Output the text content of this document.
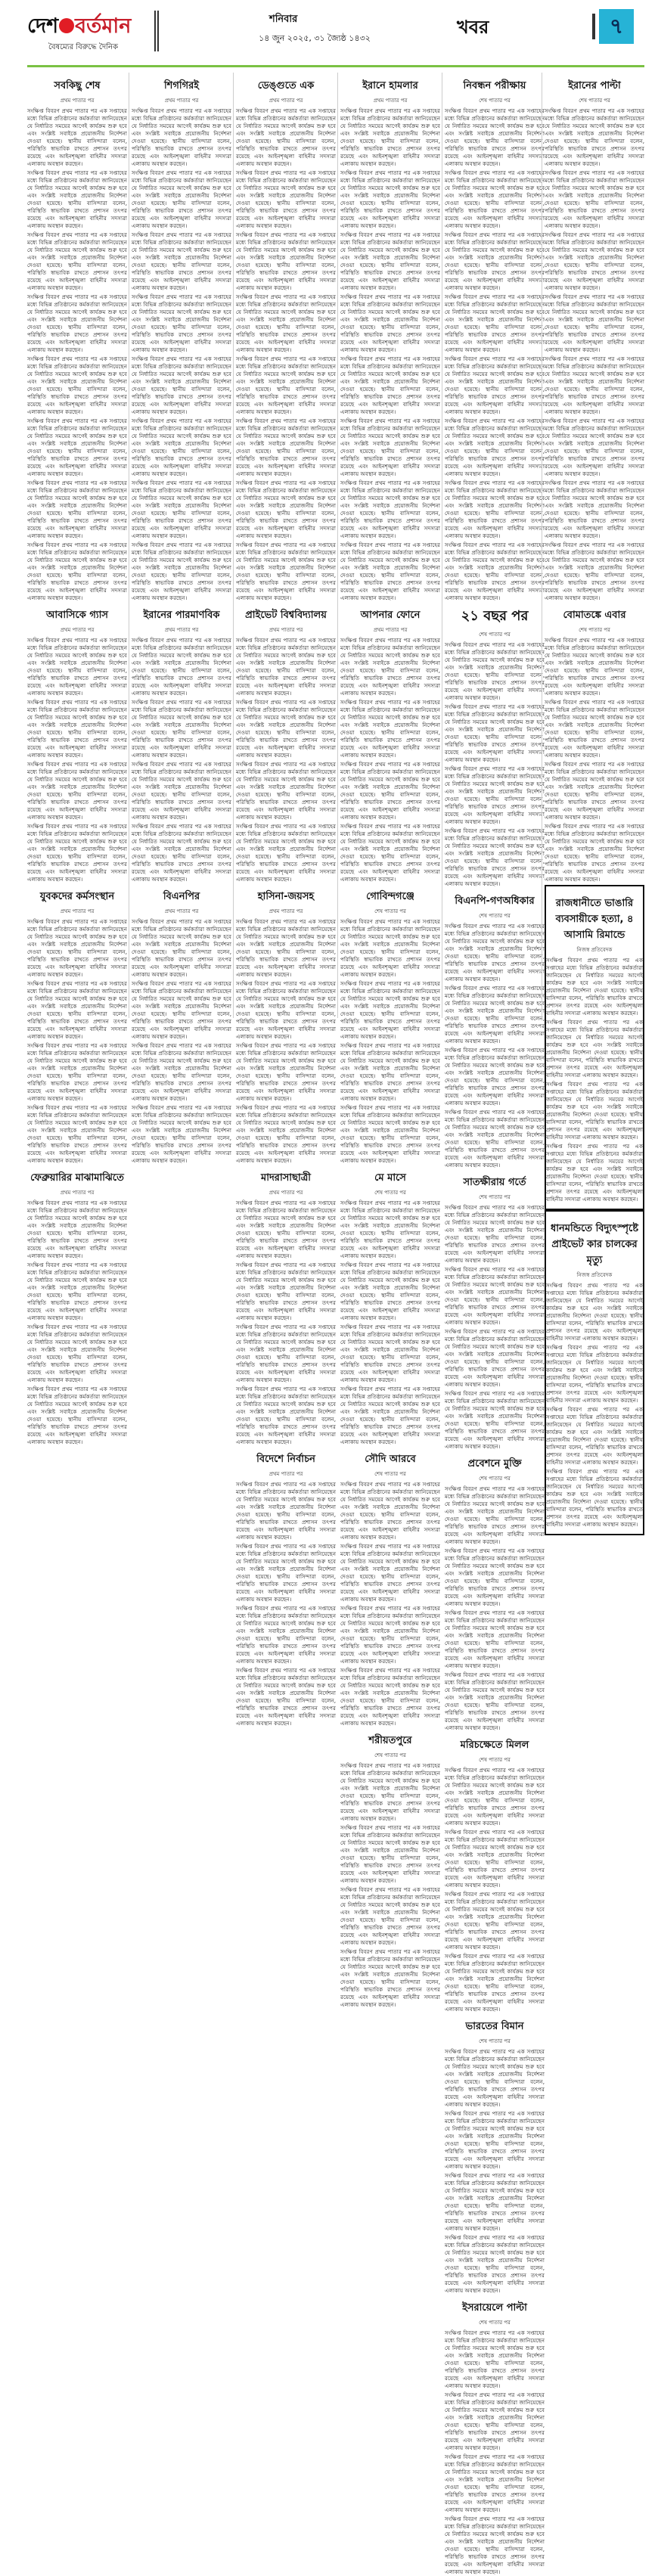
দেশ বর্তমান
বৈষম্যের বিরুদ্ধে দৈনিক
শনিবার
১৪ জুন ২০২৫, ৩১ জ্যৈষ্ঠ ১৪৩২
খবর	৭
সবকিছু শেষ
প্রথম পাতার পর
সংক্ষিপ্ত বিবরণ প্রথম পাতার পর এক সপ্তাহের মধ্যে বিভিন্ন প্রতিষ্ঠানের কর্মকর্তারা জানিয়েছেন যে নির্ধারিত সময়ের আগেই কার্যক্রম শুরু হবে এবং সংশ্লিষ্ট সবাইকে প্রয়োজনীয় নির্দেশনা দেওয়া হয়েছে। স্থানীয় বাসিন্দারা বলেন, পরিস্থিতি স্বাভাবিক রাখতে প্রশাসন তৎপর রয়েছে এবং আইনশৃঙ্খলা বাহিনীর সদস্যরা এলাকায় অবস্থান করছেন।
সংক্ষিপ্ত বিবরণ প্রথম পাতার পর এক সপ্তাহের মধ্যে বিভিন্ন প্রতিষ্ঠানের কর্মকর্তারা জানিয়েছেন যে নির্ধারিত সময়ের আগেই কার্যক্রম শুরু হবে এবং সংশ্লিষ্ট সবাইকে প্রয়োজনীয় নির্দেশনা দেওয়া হয়েছে। স্থানীয় বাসিন্দারা বলেন, পরিস্থিতি স্বাভাবিক রাখতে প্রশাসন তৎপর রয়েছে এবং আইনশৃঙ্খলা বাহিনীর সদস্যরা এলাকায় অবস্থান করছেন।
সংক্ষিপ্ত বিবরণ প্রথম পাতার পর এক সপ্তাহের মধ্যে বিভিন্ন প্রতিষ্ঠানের কর্মকর্তারা জানিয়েছেন যে নির্ধারিত সময়ের আগেই কার্যক্রম শুরু হবে এবং সংশ্লিষ্ট সবাইকে প্রয়োজনীয় নির্দেশনা দেওয়া হয়েছে। স্থানীয় বাসিন্দারা বলেন, পরিস্থিতি স্বাভাবিক রাখতে প্রশাসন তৎপর রয়েছে এবং আইনশৃঙ্খলা বাহিনীর সদস্যরা এলাকায় অবস্থান করছেন।
সংক্ষিপ্ত বিবরণ প্রথম পাতার পর এক সপ্তাহের মধ্যে বিভিন্ন প্রতিষ্ঠানের কর্মকর্তারা জানিয়েছেন যে নির্ধারিত সময়ের আগেই কার্যক্রম শুরু হবে এবং সংশ্লিষ্ট সবাইকে প্রয়োজনীয় নির্দেশনা দেওয়া হয়েছে। স্থানীয় বাসিন্দারা বলেন, পরিস্থিতি স্বাভাবিক রাখতে প্রশাসন তৎপর রয়েছে এবং আইনশৃঙ্খলা বাহিনীর সদস্যরা এলাকায় অবস্থান করছেন।
সংক্ষিপ্ত বিবরণ প্রথম পাতার পর এক সপ্তাহের মধ্যে বিভিন্ন প্রতিষ্ঠানের কর্মকর্তারা জানিয়েছেন যে নির্ধারিত সময়ের আগেই কার্যক্রম শুরু হবে এবং সংশ্লিষ্ট সবাইকে প্রয়োজনীয় নির্দেশনা দেওয়া হয়েছে। স্থানীয় বাসিন্দারা বলেন, পরিস্থিতি স্বাভাবিক রাখতে প্রশাসন তৎপর রয়েছে এবং আইনশৃঙ্খলা বাহিনীর সদস্যরা এলাকায় অবস্থান করছেন।
সংক্ষিপ্ত বিবরণ প্রথম পাতার পর এক সপ্তাহের মধ্যে বিভিন্ন প্রতিষ্ঠানের কর্মকর্তারা জানিয়েছেন যে নির্ধারিত সময়ের আগেই কার্যক্রম শুরু হবে এবং সংশ্লিষ্ট সবাইকে প্রয়োজনীয় নির্দেশনা দেওয়া হয়েছে। স্থানীয় বাসিন্দারা বলেন, পরিস্থিতি স্বাভাবিক রাখতে প্রশাসন তৎপর রয়েছে এবং আইনশৃঙ্খলা বাহিনীর সদস্যরা এলাকায় অবস্থান করছেন।
সংক্ষিপ্ত বিবরণ প্রথম পাতার পর এক সপ্তাহের মধ্যে বিভিন্ন প্রতিষ্ঠানের কর্মকর্তারা জানিয়েছেন যে নির্ধারিত সময়ের আগেই কার্যক্রম শুরু হবে এবং সংশ্লিষ্ট সবাইকে প্রয়োজনীয় নির্দেশনা দেওয়া হয়েছে। স্থানীয় বাসিন্দারা বলেন, পরিস্থিতি স্বাভাবিক রাখতে প্রশাসন তৎপর রয়েছে এবং আইনশৃঙ্খলা বাহিনীর সদস্যরা এলাকায় অবস্থান করছেন।
সংক্ষিপ্ত বিবরণ প্রথম পাতার পর এক সপ্তাহের মধ্যে বিভিন্ন প্রতিষ্ঠানের কর্মকর্তারা জানিয়েছেন যে নির্ধারিত সময়ের আগেই কার্যক্রম শুরু হবে এবং সংশ্লিষ্ট সবাইকে প্রয়োজনীয় নির্দেশনা দেওয়া হয়েছে। স্থানীয় বাসিন্দারা বলেন, পরিস্থিতি স্বাভাবিক রাখতে প্রশাসন তৎপর রয়েছে এবং আইনশৃঙ্খলা বাহিনীর সদস্যরা এলাকায় অবস্থান করছেন।
আবাসিকে গ্যাস
প্রথম পাতার পর
সংক্ষিপ্ত বিবরণ প্রথম পাতার পর এক সপ্তাহের মধ্যে বিভিন্ন প্রতিষ্ঠানের কর্মকর্তারা জানিয়েছেন যে নির্ধারিত সময়ের আগেই কার্যক্রম শুরু হবে এবং সংশ্লিষ্ট সবাইকে প্রয়োজনীয় নির্দেশনা দেওয়া হয়েছে। স্থানীয় বাসিন্দারা বলেন, পরিস্থিতি স্বাভাবিক রাখতে প্রশাসন তৎপর রয়েছে এবং আইনশৃঙ্খলা বাহিনীর সদস্যরা এলাকায় অবস্থান করছেন।
সংক্ষিপ্ত বিবরণ প্রথম পাতার পর এক সপ্তাহের মধ্যে বিভিন্ন প্রতিষ্ঠানের কর্মকর্তারা জানিয়েছেন যে নির্ধারিত সময়ের আগেই কার্যক্রম শুরু হবে এবং সংশ্লিষ্ট সবাইকে প্রয়োজনীয় নির্দেশনা দেওয়া হয়েছে। স্থানীয় বাসিন্দারা বলেন, পরিস্থিতি স্বাভাবিক রাখতে প্রশাসন তৎপর রয়েছে এবং আইনশৃঙ্খলা বাহিনীর সদস্যরা এলাকায় অবস্থান করছেন।
সংক্ষিপ্ত বিবরণ প্রথম পাতার পর এক সপ্তাহের মধ্যে বিভিন্ন প্রতিষ্ঠানের কর্মকর্তারা জানিয়েছেন যে নির্ধারিত সময়ের আগেই কার্যক্রম শুরু হবে এবং সংশ্লিষ্ট সবাইকে প্রয়োজনীয় নির্দেশনা দেওয়া হয়েছে। স্থানীয় বাসিন্দারা বলেন, পরিস্থিতি স্বাভাবিক রাখতে প্রশাসন তৎপর রয়েছে এবং আইনশৃঙ্খলা বাহিনীর সদস্যরা এলাকায় অবস্থান করছেন।
সংক্ষিপ্ত বিবরণ প্রথম পাতার পর এক সপ্তাহের মধ্যে বিভিন্ন প্রতিষ্ঠানের কর্মকর্তারা জানিয়েছেন যে নির্ধারিত সময়ের আগেই কার্যক্রম শুরু হবে এবং সংশ্লিষ্ট সবাইকে প্রয়োজনীয় নির্দেশনা দেওয়া হয়েছে। স্থানীয় বাসিন্দারা বলেন, পরিস্থিতি স্বাভাবিক রাখতে প্রশাসন তৎপর রয়েছে এবং আইনশৃঙ্খলা বাহিনীর সদস্যরা এলাকায় অবস্থান করছেন।
যুবকদের কর্মসংস্থান
প্রথম পাতার পর
সংক্ষিপ্ত বিবরণ প্রথম পাতার পর এক সপ্তাহের মধ্যে বিভিন্ন প্রতিষ্ঠানের কর্মকর্তারা জানিয়েছেন যে নির্ধারিত সময়ের আগেই কার্যক্রম শুরু হবে এবং সংশ্লিষ্ট সবাইকে প্রয়োজনীয় নির্দেশনা দেওয়া হয়েছে। স্থানীয় বাসিন্দারা বলেন, পরিস্থিতি স্বাভাবিক রাখতে প্রশাসন তৎপর রয়েছে এবং আইনশৃঙ্খলা বাহিনীর সদস্যরা এলাকায় অবস্থান করছেন।
সংক্ষিপ্ত বিবরণ প্রথম পাতার পর এক সপ্তাহের মধ্যে বিভিন্ন প্রতিষ্ঠানের কর্মকর্তারা জানিয়েছেন যে নির্ধারিত সময়ের আগেই কার্যক্রম শুরু হবে এবং সংশ্লিষ্ট সবাইকে প্রয়োজনীয় নির্দেশনা দেওয়া হয়েছে। স্থানীয় বাসিন্দারা বলেন, পরিস্থিতি স্বাভাবিক রাখতে প্রশাসন তৎপর রয়েছে এবং আইনশৃঙ্খলা বাহিনীর সদস্যরা এলাকায় অবস্থান করছেন।
সংক্ষিপ্ত বিবরণ প্রথম পাতার পর এক সপ্তাহের মধ্যে বিভিন্ন প্রতিষ্ঠানের কর্মকর্তারা জানিয়েছেন যে নির্ধারিত সময়ের আগেই কার্যক্রম শুরু হবে এবং সংশ্লিষ্ট সবাইকে প্রয়োজনীয় নির্দেশনা দেওয়া হয়েছে। স্থানীয় বাসিন্দারা বলেন, পরিস্থিতি স্বাভাবিক রাখতে প্রশাসন তৎপর রয়েছে এবং আইনশৃঙ্খলা বাহিনীর সদস্যরা এলাকায় অবস্থান করছেন।
সংক্ষিপ্ত বিবরণ প্রথম পাতার পর এক সপ্তাহের মধ্যে বিভিন্ন প্রতিষ্ঠানের কর্মকর্তারা জানিয়েছেন যে নির্ধারিত সময়ের আগেই কার্যক্রম শুরু হবে এবং সংশ্লিষ্ট সবাইকে প্রয়োজনীয় নির্দেশনা দেওয়া হয়েছে। স্থানীয় বাসিন্দারা বলেন, পরিস্থিতি স্বাভাবিক রাখতে প্রশাসন তৎপর রয়েছে এবং আইনশৃঙ্খলা বাহিনীর সদস্যরা এলাকায় অবস্থান করছেন।
ফেব্রুয়ারির মাঝামাঝিতে
প্রথম পাতার পর
সংক্ষিপ্ত বিবরণ প্রথম পাতার পর এক সপ্তাহের মধ্যে বিভিন্ন প্রতিষ্ঠানের কর্মকর্তারা জানিয়েছেন যে নির্ধারিত সময়ের আগেই কার্যক্রম শুরু হবে এবং সংশ্লিষ্ট সবাইকে প্রয়োজনীয় নির্দেশনা দেওয়া হয়েছে। স্থানীয় বাসিন্দারা বলেন, পরিস্থিতি স্বাভাবিক রাখতে প্রশাসন তৎপর রয়েছে এবং আইনশৃঙ্খলা বাহিনীর সদস্যরা এলাকায় অবস্থান করছেন।
সংক্ষিপ্ত বিবরণ প্রথম পাতার পর এক সপ্তাহের মধ্যে বিভিন্ন প্রতিষ্ঠানের কর্মকর্তারা জানিয়েছেন যে নির্ধারিত সময়ের আগেই কার্যক্রম শুরু হবে এবং সংশ্লিষ্ট সবাইকে প্রয়োজনীয় নির্দেশনা দেওয়া হয়েছে। স্থানীয় বাসিন্দারা বলেন, পরিস্থিতি স্বাভাবিক রাখতে প্রশাসন তৎপর রয়েছে এবং আইনশৃঙ্খলা বাহিনীর সদস্যরা এলাকায় অবস্থান করছেন।
সংক্ষিপ্ত বিবরণ প্রথম পাতার পর এক সপ্তাহের মধ্যে বিভিন্ন প্রতিষ্ঠানের কর্মকর্তারা জানিয়েছেন যে নির্ধারিত সময়ের আগেই কার্যক্রম শুরু হবে এবং সংশ্লিষ্ট সবাইকে প্রয়োজনীয় নির্দেশনা দেওয়া হয়েছে। স্থানীয় বাসিন্দারা বলেন, পরিস্থিতি স্বাভাবিক রাখতে প্রশাসন তৎপর রয়েছে এবং আইনশৃঙ্খলা বাহিনীর সদস্যরা এলাকায় অবস্থান করছেন।
সংক্ষিপ্ত বিবরণ প্রথম পাতার পর এক সপ্তাহের মধ্যে বিভিন্ন প্রতিষ্ঠানের কর্মকর্তারা জানিয়েছেন যে নির্ধারিত সময়ের আগেই কার্যক্রম শুরু হবে এবং সংশ্লিষ্ট সবাইকে প্রয়োজনীয় নির্দেশনা দেওয়া হয়েছে। স্থানীয় বাসিন্দারা বলেন, পরিস্থিতি স্বাভাবিক রাখতে প্রশাসন তৎপর রয়েছে এবং আইনশৃঙ্খলা বাহিনীর সদস্যরা এলাকায় অবস্থান করছেন।
শিগগিরই
প্রথম পাতার পর
সংক্ষিপ্ত বিবরণ প্রথম পাতার পর এক সপ্তাহের মধ্যে বিভিন্ন প্রতিষ্ঠানের কর্মকর্তারা জানিয়েছেন যে নির্ধারিত সময়ের আগেই কার্যক্রম শুরু হবে এবং সংশ্লিষ্ট সবাইকে প্রয়োজনীয় নির্দেশনা দেওয়া হয়েছে। স্থানীয় বাসিন্দারা বলেন, পরিস্থিতি স্বাভাবিক রাখতে প্রশাসন তৎপর রয়েছে এবং আইনশৃঙ্খলা বাহিনীর সদস্যরা এলাকায় অবস্থান করছেন।
সংক্ষিপ্ত বিবরণ প্রথম পাতার পর এক সপ্তাহের মধ্যে বিভিন্ন প্রতিষ্ঠানের কর্মকর্তারা জানিয়েছেন যে নির্ধারিত সময়ের আগেই কার্যক্রম শুরু হবে এবং সংশ্লিষ্ট সবাইকে প্রয়োজনীয় নির্দেশনা দেওয়া হয়েছে। স্থানীয় বাসিন্দারা বলেন, পরিস্থিতি স্বাভাবিক রাখতে প্রশাসন তৎপর রয়েছে এবং আইনশৃঙ্খলা বাহিনীর সদস্যরা এলাকায় অবস্থান করছেন।
সংক্ষিপ্ত বিবরণ প্রথম পাতার পর এক সপ্তাহের মধ্যে বিভিন্ন প্রতিষ্ঠানের কর্মকর্তারা জানিয়েছেন যে নির্ধারিত সময়ের আগেই কার্যক্রম শুরু হবে এবং সংশ্লিষ্ট সবাইকে প্রয়োজনীয় নির্দেশনা দেওয়া হয়েছে। স্থানীয় বাসিন্দারা বলেন, পরিস্থিতি স্বাভাবিক রাখতে প্রশাসন তৎপর রয়েছে এবং আইনশৃঙ্খলা বাহিনীর সদস্যরা এলাকায় অবস্থান করছেন।
সংক্ষিপ্ত বিবরণ প্রথম পাতার পর এক সপ্তাহের মধ্যে বিভিন্ন প্রতিষ্ঠানের কর্মকর্তারা জানিয়েছেন যে নির্ধারিত সময়ের আগেই কার্যক্রম শুরু হবে এবং সংশ্লিষ্ট সবাইকে প্রয়োজনীয় নির্দেশনা দেওয়া হয়েছে। স্থানীয় বাসিন্দারা বলেন, পরিস্থিতি স্বাভাবিক রাখতে প্রশাসন তৎপর রয়েছে এবং আইনশৃঙ্খলা বাহিনীর সদস্যরা এলাকায় অবস্থান করছেন।
সংক্ষিপ্ত বিবরণ প্রথম পাতার পর এক সপ্তাহের মধ্যে বিভিন্ন প্রতিষ্ঠানের কর্মকর্তারা জানিয়েছেন যে নির্ধারিত সময়ের আগেই কার্যক্রম শুরু হবে এবং সংশ্লিষ্ট সবাইকে প্রয়োজনীয় নির্দেশনা দেওয়া হয়েছে। স্থানীয় বাসিন্দারা বলেন, পরিস্থিতি স্বাভাবিক রাখতে প্রশাসন তৎপর রয়েছে এবং আইনশৃঙ্খলা বাহিনীর সদস্যরা এলাকায় অবস্থান করছেন।
সংক্ষিপ্ত বিবরণ প্রথম পাতার পর এক সপ্তাহের মধ্যে বিভিন্ন প্রতিষ্ঠানের কর্মকর্তারা জানিয়েছেন যে নির্ধারিত সময়ের আগেই কার্যক্রম শুরু হবে এবং সংশ্লিষ্ট সবাইকে প্রয়োজনীয় নির্দেশনা দেওয়া হয়েছে। স্থানীয় বাসিন্দারা বলেন, পরিস্থিতি স্বাভাবিক রাখতে প্রশাসন তৎপর রয়েছে এবং আইনশৃঙ্খলা বাহিনীর সদস্যরা এলাকায় অবস্থান করছেন।
সংক্ষিপ্ত বিবরণ প্রথম পাতার পর এক সপ্তাহের মধ্যে বিভিন্ন প্রতিষ্ঠানের কর্মকর্তারা জানিয়েছেন যে নির্ধারিত সময়ের আগেই কার্যক্রম শুরু হবে এবং সংশ্লিষ্ট সবাইকে প্রয়োজনীয় নির্দেশনা দেওয়া হয়েছে। স্থানীয় বাসিন্দারা বলেন, পরিস্থিতি স্বাভাবিক রাখতে প্রশাসন তৎপর রয়েছে এবং আইনশৃঙ্খলা বাহিনীর সদস্যরা এলাকায় অবস্থান করছেন।
সংক্ষিপ্ত বিবরণ প্রথম পাতার পর এক সপ্তাহের মধ্যে বিভিন্ন প্রতিষ্ঠানের কর্মকর্তারা জানিয়েছেন যে নির্ধারিত সময়ের আগেই কার্যক্রম শুরু হবে এবং সংশ্লিষ্ট সবাইকে প্রয়োজনীয় নির্দেশনা দেওয়া হয়েছে। স্থানীয় বাসিন্দারা বলেন, পরিস্থিতি স্বাভাবিক রাখতে প্রশাসন তৎপর রয়েছে এবং আইনশৃঙ্খলা বাহিনীর সদস্যরা এলাকায় অবস্থান করছেন।
ইরানের পারমাণবিক
প্রথম পাতার পর
সংক্ষিপ্ত বিবরণ প্রথম পাতার পর এক সপ্তাহের মধ্যে বিভিন্ন প্রতিষ্ঠানের কর্মকর্তারা জানিয়েছেন যে নির্ধারিত সময়ের আগেই কার্যক্রম শুরু হবে এবং সংশ্লিষ্ট সবাইকে প্রয়োজনীয় নির্দেশনা দেওয়া হয়েছে। স্থানীয় বাসিন্দারা বলেন, পরিস্থিতি স্বাভাবিক রাখতে প্রশাসন তৎপর রয়েছে এবং আইনশৃঙ্খলা বাহিনীর সদস্যরা এলাকায় অবস্থান করছেন।
সংক্ষিপ্ত বিবরণ প্রথম পাতার পর এক সপ্তাহের মধ্যে বিভিন্ন প্রতিষ্ঠানের কর্মকর্তারা জানিয়েছেন যে নির্ধারিত সময়ের আগেই কার্যক্রম শুরু হবে এবং সংশ্লিষ্ট সবাইকে প্রয়োজনীয় নির্দেশনা দেওয়া হয়েছে। স্থানীয় বাসিন্দারা বলেন, পরিস্থিতি স্বাভাবিক রাখতে প্রশাসন তৎপর রয়েছে এবং আইনশৃঙ্খলা বাহিনীর সদস্যরা এলাকায় অবস্থান করছেন।
সংক্ষিপ্ত বিবরণ প্রথম পাতার পর এক সপ্তাহের মধ্যে বিভিন্ন প্রতিষ্ঠানের কর্মকর্তারা জানিয়েছেন যে নির্ধারিত সময়ের আগেই কার্যক্রম শুরু হবে এবং সংশ্লিষ্ট সবাইকে প্রয়োজনীয় নির্দেশনা দেওয়া হয়েছে। স্থানীয় বাসিন্দারা বলেন, পরিস্থিতি স্বাভাবিক রাখতে প্রশাসন তৎপর রয়েছে এবং আইনশৃঙ্খলা বাহিনীর সদস্যরা এলাকায় অবস্থান করছেন।
সংক্ষিপ্ত বিবরণ প্রথম পাতার পর এক সপ্তাহের মধ্যে বিভিন্ন প্রতিষ্ঠানের কর্মকর্তারা জানিয়েছেন যে নির্ধারিত সময়ের আগেই কার্যক্রম শুরু হবে এবং সংশ্লিষ্ট সবাইকে প্রয়োজনীয় নির্দেশনা দেওয়া হয়েছে। স্থানীয় বাসিন্দারা বলেন, পরিস্থিতি স্বাভাবিক রাখতে প্রশাসন তৎপর রয়েছে এবং আইনশৃঙ্খলা বাহিনীর সদস্যরা এলাকায় অবস্থান করছেন।
বিএনপির
প্রথম পাতার পর
সংক্ষিপ্ত বিবরণ প্রথম পাতার পর এক সপ্তাহের মধ্যে বিভিন্ন প্রতিষ্ঠানের কর্মকর্তারা জানিয়েছেন যে নির্ধারিত সময়ের আগেই কার্যক্রম শুরু হবে এবং সংশ্লিষ্ট সবাইকে প্রয়োজনীয় নির্দেশনা দেওয়া হয়েছে। স্থানীয় বাসিন্দারা বলেন, পরিস্থিতি স্বাভাবিক রাখতে প্রশাসন তৎপর রয়েছে এবং আইনশৃঙ্খলা বাহিনীর সদস্যরা এলাকায় অবস্থান করছেন।
সংক্ষিপ্ত বিবরণ প্রথম পাতার পর এক সপ্তাহের মধ্যে বিভিন্ন প্রতিষ্ঠানের কর্মকর্তারা জানিয়েছেন যে নির্ধারিত সময়ের আগেই কার্যক্রম শুরু হবে এবং সংশ্লিষ্ট সবাইকে প্রয়োজনীয় নির্দেশনা দেওয়া হয়েছে। স্থানীয় বাসিন্দারা বলেন, পরিস্থিতি স্বাভাবিক রাখতে প্রশাসন তৎপর রয়েছে এবং আইনশৃঙ্খলা বাহিনীর সদস্যরা এলাকায় অবস্থান করছেন।
সংক্ষিপ্ত বিবরণ প্রথম পাতার পর এক সপ্তাহের মধ্যে বিভিন্ন প্রতিষ্ঠানের কর্মকর্তারা জানিয়েছেন যে নির্ধারিত সময়ের আগেই কার্যক্রম শুরু হবে এবং সংশ্লিষ্ট সবাইকে প্রয়োজনীয় নির্দেশনা দেওয়া হয়েছে। স্থানীয় বাসিন্দারা বলেন, পরিস্থিতি স্বাভাবিক রাখতে প্রশাসন তৎপর রয়েছে এবং আইনশৃঙ্খলা বাহিনীর সদস্যরা এলাকায় অবস্থান করছেন।
সংক্ষিপ্ত বিবরণ প্রথম পাতার পর এক সপ্তাহের মধ্যে বিভিন্ন প্রতিষ্ঠানের কর্মকর্তারা জানিয়েছেন যে নির্ধারিত সময়ের আগেই কার্যক্রম শুরু হবে এবং সংশ্লিষ্ট সবাইকে প্রয়োজনীয় নির্দেশনা দেওয়া হয়েছে। স্থানীয় বাসিন্দারা বলেন, পরিস্থিতি স্বাভাবিক রাখতে প্রশাসন তৎপর রয়েছে এবং আইনশৃঙ্খলা বাহিনীর সদস্যরা এলাকায় অবস্থান করছেন।
ডেঙ্গুতে এক
প্রথম পাতার পর
সংক্ষিপ্ত বিবরণ প্রথম পাতার পর এক সপ্তাহের মধ্যে বিভিন্ন প্রতিষ্ঠানের কর্মকর্তারা জানিয়েছেন যে নির্ধারিত সময়ের আগেই কার্যক্রম শুরু হবে এবং সংশ্লিষ্ট সবাইকে প্রয়োজনীয় নির্দেশনা দেওয়া হয়েছে। স্থানীয় বাসিন্দারা বলেন, পরিস্থিতি স্বাভাবিক রাখতে প্রশাসন তৎপর রয়েছে এবং আইনশৃঙ্খলা বাহিনীর সদস্যরা এলাকায় অবস্থান করছেন।
সংক্ষিপ্ত বিবরণ প্রথম পাতার পর এক সপ্তাহের মধ্যে বিভিন্ন প্রতিষ্ঠানের কর্মকর্তারা জানিয়েছেন যে নির্ধারিত সময়ের আগেই কার্যক্রম শুরু হবে এবং সংশ্লিষ্ট সবাইকে প্রয়োজনীয় নির্দেশনা দেওয়া হয়েছে। স্থানীয় বাসিন্দারা বলেন, পরিস্থিতি স্বাভাবিক রাখতে প্রশাসন তৎপর রয়েছে এবং আইনশৃঙ্খলা বাহিনীর সদস্যরা এলাকায় অবস্থান করছেন।
সংক্ষিপ্ত বিবরণ প্রথম পাতার পর এক সপ্তাহের মধ্যে বিভিন্ন প্রতিষ্ঠানের কর্মকর্তারা জানিয়েছেন যে নির্ধারিত সময়ের আগেই কার্যক্রম শুরু হবে এবং সংশ্লিষ্ট সবাইকে প্রয়োজনীয় নির্দেশনা দেওয়া হয়েছে। স্থানীয় বাসিন্দারা বলেন, পরিস্থিতি স্বাভাবিক রাখতে প্রশাসন তৎপর রয়েছে এবং আইনশৃঙ্খলা বাহিনীর সদস্যরা এলাকায় অবস্থান করছেন।
সংক্ষিপ্ত বিবরণ প্রথম পাতার পর এক সপ্তাহের মধ্যে বিভিন্ন প্রতিষ্ঠানের কর্মকর্তারা জানিয়েছেন যে নির্ধারিত সময়ের আগেই কার্যক্রম শুরু হবে এবং সংশ্লিষ্ট সবাইকে প্রয়োজনীয় নির্দেশনা দেওয়া হয়েছে। স্থানীয় বাসিন্দারা বলেন, পরিস্থিতি স্বাভাবিক রাখতে প্রশাসন তৎপর রয়েছে এবং আইনশৃঙ্খলা বাহিনীর সদস্যরা এলাকায় অবস্থান করছেন।
সংক্ষিপ্ত বিবরণ প্রথম পাতার পর এক সপ্তাহের মধ্যে বিভিন্ন প্রতিষ্ঠানের কর্মকর্তারা জানিয়েছেন যে নির্ধারিত সময়ের আগেই কার্যক্রম শুরু হবে এবং সংশ্লিষ্ট সবাইকে প্রয়োজনীয় নির্দেশনা দেওয়া হয়েছে। স্থানীয় বাসিন্দারা বলেন, পরিস্থিতি স্বাভাবিক রাখতে প্রশাসন তৎপর রয়েছে এবং আইনশৃঙ্খলা বাহিনীর সদস্যরা এলাকায় অবস্থান করছেন।
সংক্ষিপ্ত বিবরণ প্রথম পাতার পর এক সপ্তাহের মধ্যে বিভিন্ন প্রতিষ্ঠানের কর্মকর্তারা জানিয়েছেন যে নির্ধারিত সময়ের আগেই কার্যক্রম শুরু হবে এবং সংশ্লিষ্ট সবাইকে প্রয়োজনীয় নির্দেশনা দেওয়া হয়েছে। স্থানীয় বাসিন্দারা বলেন, পরিস্থিতি স্বাভাবিক রাখতে প্রশাসন তৎপর রয়েছে এবং আইনশৃঙ্খলা বাহিনীর সদস্যরা এলাকায় অবস্থান করছেন।
সংক্ষিপ্ত বিবরণ প্রথম পাতার পর এক সপ্তাহের মধ্যে বিভিন্ন প্রতিষ্ঠানের কর্মকর্তারা জানিয়েছেন যে নির্ধারিত সময়ের আগেই কার্যক্রম শুরু হবে এবং সংশ্লিষ্ট সবাইকে প্রয়োজনীয় নির্দেশনা দেওয়া হয়েছে। স্থানীয় বাসিন্দারা বলেন, পরিস্থিতি স্বাভাবিক রাখতে প্রশাসন তৎপর রয়েছে এবং আইনশৃঙ্খলা বাহিনীর সদস্যরা এলাকায় অবস্থান করছেন।
সংক্ষিপ্ত বিবরণ প্রথম পাতার পর এক সপ্তাহের মধ্যে বিভিন্ন প্রতিষ্ঠানের কর্মকর্তারা জানিয়েছেন যে নির্ধারিত সময়ের আগেই কার্যক্রম শুরু হবে এবং সংশ্লিষ্ট সবাইকে প্রয়োজনীয় নির্দেশনা দেওয়া হয়েছে। স্থানীয় বাসিন্দারা বলেন, পরিস্থিতি স্বাভাবিক রাখতে প্রশাসন তৎপর রয়েছে এবং আইনশৃঙ্খলা বাহিনীর সদস্যরা এলাকায় অবস্থান করছেন।
প্রাইভেট বিশ্ববিদ্যালয়
প্রথম পাতার পর
সংক্ষিপ্ত বিবরণ প্রথম পাতার পর এক সপ্তাহের মধ্যে বিভিন্ন প্রতিষ্ঠানের কর্মকর্তারা জানিয়েছেন যে নির্ধারিত সময়ের আগেই কার্যক্রম শুরু হবে এবং সংশ্লিষ্ট সবাইকে প্রয়োজনীয় নির্দেশনা দেওয়া হয়েছে। স্থানীয় বাসিন্দারা বলেন, পরিস্থিতি স্বাভাবিক রাখতে প্রশাসন তৎপর রয়েছে এবং আইনশৃঙ্খলা বাহিনীর সদস্যরা এলাকায় অবস্থান করছেন।
সংক্ষিপ্ত বিবরণ প্রথম পাতার পর এক সপ্তাহের মধ্যে বিভিন্ন প্রতিষ্ঠানের কর্মকর্তারা জানিয়েছেন যে নির্ধারিত সময়ের আগেই কার্যক্রম শুরু হবে এবং সংশ্লিষ্ট সবাইকে প্রয়োজনীয় নির্দেশনা দেওয়া হয়েছে। স্থানীয় বাসিন্দারা বলেন, পরিস্থিতি স্বাভাবিক রাখতে প্রশাসন তৎপর রয়েছে এবং আইনশৃঙ্খলা বাহিনীর সদস্যরা এলাকায় অবস্থান করছেন।
সংক্ষিপ্ত বিবরণ প্রথম পাতার পর এক সপ্তাহের মধ্যে বিভিন্ন প্রতিষ্ঠানের কর্মকর্তারা জানিয়েছেন যে নির্ধারিত সময়ের আগেই কার্যক্রম শুরু হবে এবং সংশ্লিষ্ট সবাইকে প্রয়োজনীয় নির্দেশনা দেওয়া হয়েছে। স্থানীয় বাসিন্দারা বলেন, পরিস্থিতি স্বাভাবিক রাখতে প্রশাসন তৎপর রয়েছে এবং আইনশৃঙ্খলা বাহিনীর সদস্যরা এলাকায় অবস্থান করছেন।
সংক্ষিপ্ত বিবরণ প্রথম পাতার পর এক সপ্তাহের মধ্যে বিভিন্ন প্রতিষ্ঠানের কর্মকর্তারা জানিয়েছেন যে নির্ধারিত সময়ের আগেই কার্যক্রম শুরু হবে এবং সংশ্লিষ্ট সবাইকে প্রয়োজনীয় নির্দেশনা দেওয়া হয়েছে। স্থানীয় বাসিন্দারা বলেন, পরিস্থিতি স্বাভাবিক রাখতে প্রশাসন তৎপর রয়েছে এবং আইনশৃঙ্খলা বাহিনীর সদস্যরা এলাকায় অবস্থান করছেন।
হাসিনা-জয়সহ
প্রথম পাতার পর
সংক্ষিপ্ত বিবরণ প্রথম পাতার পর এক সপ্তাহের মধ্যে বিভিন্ন প্রতিষ্ঠানের কর্মকর্তারা জানিয়েছেন যে নির্ধারিত সময়ের আগেই কার্যক্রম শুরু হবে এবং সংশ্লিষ্ট সবাইকে প্রয়োজনীয় নির্দেশনা দেওয়া হয়েছে। স্থানীয় বাসিন্দারা বলেন, পরিস্থিতি স্বাভাবিক রাখতে প্রশাসন তৎপর রয়েছে এবং আইনশৃঙ্খলা বাহিনীর সদস্যরা এলাকায় অবস্থান করছেন।
সংক্ষিপ্ত বিবরণ প্রথম পাতার পর এক সপ্তাহের মধ্যে বিভিন্ন প্রতিষ্ঠানের কর্মকর্তারা জানিয়েছেন যে নির্ধারিত সময়ের আগেই কার্যক্রম শুরু হবে এবং সংশ্লিষ্ট সবাইকে প্রয়োজনীয় নির্দেশনা দেওয়া হয়েছে। স্থানীয় বাসিন্দারা বলেন, পরিস্থিতি স্বাভাবিক রাখতে প্রশাসন তৎপর রয়েছে এবং আইনশৃঙ্খলা বাহিনীর সদস্যরা এলাকায় অবস্থান করছেন।
সংক্ষিপ্ত বিবরণ প্রথম পাতার পর এক সপ্তাহের মধ্যে বিভিন্ন প্রতিষ্ঠানের কর্মকর্তারা জানিয়েছেন যে নির্ধারিত সময়ের আগেই কার্যক্রম শুরু হবে এবং সংশ্লিষ্ট সবাইকে প্রয়োজনীয় নির্দেশনা দেওয়া হয়েছে। স্থানীয় বাসিন্দারা বলেন, পরিস্থিতি স্বাভাবিক রাখতে প্রশাসন তৎপর রয়েছে এবং আইনশৃঙ্খলা বাহিনীর সদস্যরা এলাকায় অবস্থান করছেন।
সংক্ষিপ্ত বিবরণ প্রথম পাতার পর এক সপ্তাহের মধ্যে বিভিন্ন প্রতিষ্ঠানের কর্মকর্তারা জানিয়েছেন যে নির্ধারিত সময়ের আগেই কার্যক্রম শুরু হবে এবং সংশ্লিষ্ট সবাইকে প্রয়োজনীয় নির্দেশনা দেওয়া হয়েছে। স্থানীয় বাসিন্দারা বলেন, পরিস্থিতি স্বাভাবিক রাখতে প্রশাসন তৎপর রয়েছে এবং আইনশৃঙ্খলা বাহিনীর সদস্যরা এলাকায় অবস্থান করছেন।
মাদরাসাছাত্রী
প্রথম পাতার পর
সংক্ষিপ্ত বিবরণ প্রথম পাতার পর এক সপ্তাহের মধ্যে বিভিন্ন প্রতিষ্ঠানের কর্মকর্তারা জানিয়েছেন যে নির্ধারিত সময়ের আগেই কার্যক্রম শুরু হবে এবং সংশ্লিষ্ট সবাইকে প্রয়োজনীয় নির্দেশনা দেওয়া হয়েছে। স্থানীয় বাসিন্দারা বলেন, পরিস্থিতি স্বাভাবিক রাখতে প্রশাসন তৎপর রয়েছে এবং আইনশৃঙ্খলা বাহিনীর সদস্যরা এলাকায় অবস্থান করছেন।
সংক্ষিপ্ত বিবরণ প্রথম পাতার পর এক সপ্তাহের মধ্যে বিভিন্ন প্রতিষ্ঠানের কর্মকর্তারা জানিয়েছেন যে নির্ধারিত সময়ের আগেই কার্যক্রম শুরু হবে এবং সংশ্লিষ্ট সবাইকে প্রয়োজনীয় নির্দেশনা দেওয়া হয়েছে। স্থানীয় বাসিন্দারা বলেন, পরিস্থিতি স্বাভাবিক রাখতে প্রশাসন তৎপর রয়েছে এবং আইনশৃঙ্খলা বাহিনীর সদস্যরা এলাকায় অবস্থান করছেন।
সংক্ষিপ্ত বিবরণ প্রথম পাতার পর এক সপ্তাহের মধ্যে বিভিন্ন প্রতিষ্ঠানের কর্মকর্তারা জানিয়েছেন যে নির্ধারিত সময়ের আগেই কার্যক্রম শুরু হবে এবং সংশ্লিষ্ট সবাইকে প্রয়োজনীয় নির্দেশনা দেওয়া হয়েছে। স্থানীয় বাসিন্দারা বলেন, পরিস্থিতি স্বাভাবিক রাখতে প্রশাসন তৎপর রয়েছে এবং আইনশৃঙ্খলা বাহিনীর সদস্যরা এলাকায় অবস্থান করছেন।
সংক্ষিপ্ত বিবরণ প্রথম পাতার পর এক সপ্তাহের মধ্যে বিভিন্ন প্রতিষ্ঠানের কর্মকর্তারা জানিয়েছেন যে নির্ধারিত সময়ের আগেই কার্যক্রম শুরু হবে এবং সংশ্লিষ্ট সবাইকে প্রয়োজনীয় নির্দেশনা দেওয়া হয়েছে। স্থানীয় বাসিন্দারা বলেন, পরিস্থিতি স্বাভাবিক রাখতে প্রশাসন তৎপর রয়েছে এবং আইনশৃঙ্খলা বাহিনীর সদস্যরা এলাকায় অবস্থান করছেন।
বিদেশে নির্বাচন
প্রথম পাতার পর
সংক্ষিপ্ত বিবরণ প্রথম পাতার পর এক সপ্তাহের মধ্যে বিভিন্ন প্রতিষ্ঠানের কর্মকর্তারা জানিয়েছেন যে নির্ধারিত সময়ের আগেই কার্যক্রম শুরু হবে এবং সংশ্লিষ্ট সবাইকে প্রয়োজনীয় নির্দেশনা দেওয়া হয়েছে। স্থানীয় বাসিন্দারা বলেন, পরিস্থিতি স্বাভাবিক রাখতে প্রশাসন তৎপর রয়েছে এবং আইনশৃঙ্খলা বাহিনীর সদস্যরা এলাকায় অবস্থান করছেন।
সংক্ষিপ্ত বিবরণ প্রথম পাতার পর এক সপ্তাহের মধ্যে বিভিন্ন প্রতিষ্ঠানের কর্মকর্তারা জানিয়েছেন যে নির্ধারিত সময়ের আগেই কার্যক্রম শুরু হবে এবং সংশ্লিষ্ট সবাইকে প্রয়োজনীয় নির্দেশনা দেওয়া হয়েছে। স্থানীয় বাসিন্দারা বলেন, পরিস্থিতি স্বাভাবিক রাখতে প্রশাসন তৎপর রয়েছে এবং আইনশৃঙ্খলা বাহিনীর সদস্যরা এলাকায় অবস্থান করছেন।
সংক্ষিপ্ত বিবরণ প্রথম পাতার পর এক সপ্তাহের মধ্যে বিভিন্ন প্রতিষ্ঠানের কর্মকর্তারা জানিয়েছেন যে নির্ধারিত সময়ের আগেই কার্যক্রম শুরু হবে এবং সংশ্লিষ্ট সবাইকে প্রয়োজনীয় নির্দেশনা দেওয়া হয়েছে। স্থানীয় বাসিন্দারা বলেন, পরিস্থিতি স্বাভাবিক রাখতে প্রশাসন তৎপর রয়েছে এবং আইনশৃঙ্খলা বাহিনীর সদস্যরা এলাকায় অবস্থান করছেন।
সংক্ষিপ্ত বিবরণ প্রথম পাতার পর এক সপ্তাহের মধ্যে বিভিন্ন প্রতিষ্ঠানের কর্মকর্তারা জানিয়েছেন যে নির্ধারিত সময়ের আগেই কার্যক্রম শুরু হবে এবং সংশ্লিষ্ট সবাইকে প্রয়োজনীয় নির্দেশনা দেওয়া হয়েছে। স্থানীয় বাসিন্দারা বলেন, পরিস্থিতি স্বাভাবিক রাখতে প্রশাসন তৎপর রয়েছে এবং আইনশৃঙ্খলা বাহিনীর সদস্যরা এলাকায় অবস্থান করছেন।
ইরানে হামলার
প্রথম পাতার পর
সংক্ষিপ্ত বিবরণ প্রথম পাতার পর এক সপ্তাহের মধ্যে বিভিন্ন প্রতিষ্ঠানের কর্মকর্তারা জানিয়েছেন যে নির্ধারিত সময়ের আগেই কার্যক্রম শুরু হবে এবং সংশ্লিষ্ট সবাইকে প্রয়োজনীয় নির্দেশনা দেওয়া হয়েছে। স্থানীয় বাসিন্দারা বলেন, পরিস্থিতি স্বাভাবিক রাখতে প্রশাসন তৎপর রয়েছে এবং আইনশৃঙ্খলা বাহিনীর সদস্যরা এলাকায় অবস্থান করছেন।
সংক্ষিপ্ত বিবরণ প্রথম পাতার পর এক সপ্তাহের মধ্যে বিভিন্ন প্রতিষ্ঠানের কর্মকর্তারা জানিয়েছেন যে নির্ধারিত সময়ের আগেই কার্যক্রম শুরু হবে এবং সংশ্লিষ্ট সবাইকে প্রয়োজনীয় নির্দেশনা দেওয়া হয়েছে। স্থানীয় বাসিন্দারা বলেন, পরিস্থিতি স্বাভাবিক রাখতে প্রশাসন তৎপর রয়েছে এবং আইনশৃঙ্খলা বাহিনীর সদস্যরা এলাকায় অবস্থান করছেন।
সংক্ষিপ্ত বিবরণ প্রথম পাতার পর এক সপ্তাহের মধ্যে বিভিন্ন প্রতিষ্ঠানের কর্মকর্তারা জানিয়েছেন যে নির্ধারিত সময়ের আগেই কার্যক্রম শুরু হবে এবং সংশ্লিষ্ট সবাইকে প্রয়োজনীয় নির্দেশনা দেওয়া হয়েছে। স্থানীয় বাসিন্দারা বলেন, পরিস্থিতি স্বাভাবিক রাখতে প্রশাসন তৎপর রয়েছে এবং আইনশৃঙ্খলা বাহিনীর সদস্যরা এলাকায় অবস্থান করছেন।
সংক্ষিপ্ত বিবরণ প্রথম পাতার পর এক সপ্তাহের মধ্যে বিভিন্ন প্রতিষ্ঠানের কর্মকর্তারা জানিয়েছেন যে নির্ধারিত সময়ের আগেই কার্যক্রম শুরু হবে এবং সংশ্লিষ্ট সবাইকে প্রয়োজনীয় নির্দেশনা দেওয়া হয়েছে। স্থানীয় বাসিন্দারা বলেন, পরিস্থিতি স্বাভাবিক রাখতে প্রশাসন তৎপর রয়েছে এবং আইনশৃঙ্খলা বাহিনীর সদস্যরা এলাকায় অবস্থান করছেন।
সংক্ষিপ্ত বিবরণ প্রথম পাতার পর এক সপ্তাহের মধ্যে বিভিন্ন প্রতিষ্ঠানের কর্মকর্তারা জানিয়েছেন যে নির্ধারিত সময়ের আগেই কার্যক্রম শুরু হবে এবং সংশ্লিষ্ট সবাইকে প্রয়োজনীয় নির্দেশনা দেওয়া হয়েছে। স্থানীয় বাসিন্দারা বলেন, পরিস্থিতি স্বাভাবিক রাখতে প্রশাসন তৎপর রয়েছে এবং আইনশৃঙ্খলা বাহিনীর সদস্যরা এলাকায় অবস্থান করছেন।
সংক্ষিপ্ত বিবরণ প্রথম পাতার পর এক সপ্তাহের মধ্যে বিভিন্ন প্রতিষ্ঠানের কর্মকর্তারা জানিয়েছেন যে নির্ধারিত সময়ের আগেই কার্যক্রম শুরু হবে এবং সংশ্লিষ্ট সবাইকে প্রয়োজনীয় নির্দেশনা দেওয়া হয়েছে। স্থানীয় বাসিন্দারা বলেন, পরিস্থিতি স্বাভাবিক রাখতে প্রশাসন তৎপর রয়েছে এবং আইনশৃঙ্খলা বাহিনীর সদস্যরা এলাকায় অবস্থান করছেন।
সংক্ষিপ্ত বিবরণ প্রথম পাতার পর এক সপ্তাহের মধ্যে বিভিন্ন প্রতিষ্ঠানের কর্মকর্তারা জানিয়েছেন যে নির্ধারিত সময়ের আগেই কার্যক্রম শুরু হবে এবং সংশ্লিষ্ট সবাইকে প্রয়োজনীয় নির্দেশনা দেওয়া হয়েছে। স্থানীয় বাসিন্দারা বলেন, পরিস্থিতি স্বাভাবিক রাখতে প্রশাসন তৎপর রয়েছে এবং আইনশৃঙ্খলা বাহিনীর সদস্যরা এলাকায় অবস্থান করছেন।
সংক্ষিপ্ত বিবরণ প্রথম পাতার পর এক সপ্তাহের মধ্যে বিভিন্ন প্রতিষ্ঠানের কর্মকর্তারা জানিয়েছেন যে নির্ধারিত সময়ের আগেই কার্যক্রম শুরু হবে এবং সংশ্লিষ্ট সবাইকে প্রয়োজনীয় নির্দেশনা দেওয়া হয়েছে। স্থানীয় বাসিন্দারা বলেন, পরিস্থিতি স্বাভাবিক রাখতে প্রশাসন তৎপর রয়েছে এবং আইনশৃঙ্খলা বাহিনীর সদস্যরা এলাকায় অবস্থান করছেন।
আপনার ফোনে
প্রথম পাতার পর
সংক্ষিপ্ত বিবরণ প্রথম পাতার পর এক সপ্তাহের মধ্যে বিভিন্ন প্রতিষ্ঠানের কর্মকর্তারা জানিয়েছেন যে নির্ধারিত সময়ের আগেই কার্যক্রম শুরু হবে এবং সংশ্লিষ্ট সবাইকে প্রয়োজনীয় নির্দেশনা দেওয়া হয়েছে। স্থানীয় বাসিন্দারা বলেন, পরিস্থিতি স্বাভাবিক রাখতে প্রশাসন তৎপর রয়েছে এবং আইনশৃঙ্খলা বাহিনীর সদস্যরা এলাকায় অবস্থান করছেন।
সংক্ষিপ্ত বিবরণ প্রথম পাতার পর এক সপ্তাহের মধ্যে বিভিন্ন প্রতিষ্ঠানের কর্মকর্তারা জানিয়েছেন যে নির্ধারিত সময়ের আগেই কার্যক্রম শুরু হবে এবং সংশ্লিষ্ট সবাইকে প্রয়োজনীয় নির্দেশনা দেওয়া হয়েছে। স্থানীয় বাসিন্দারা বলেন, পরিস্থিতি স্বাভাবিক রাখতে প্রশাসন তৎপর রয়েছে এবং আইনশৃঙ্খলা বাহিনীর সদস্যরা এলাকায় অবস্থান করছেন।
সংক্ষিপ্ত বিবরণ প্রথম পাতার পর এক সপ্তাহের মধ্যে বিভিন্ন প্রতিষ্ঠানের কর্মকর্তারা জানিয়েছেন যে নির্ধারিত সময়ের আগেই কার্যক্রম শুরু হবে এবং সংশ্লিষ্ট সবাইকে প্রয়োজনীয় নির্দেশনা দেওয়া হয়েছে। স্থানীয় বাসিন্দারা বলেন, পরিস্থিতি স্বাভাবিক রাখতে প্রশাসন তৎপর রয়েছে এবং আইনশৃঙ্খলা বাহিনীর সদস্যরা এলাকায় অবস্থান করছেন।
সংক্ষিপ্ত বিবরণ প্রথম পাতার পর এক সপ্তাহের মধ্যে বিভিন্ন প্রতিষ্ঠানের কর্মকর্তারা জানিয়েছেন যে নির্ধারিত সময়ের আগেই কার্যক্রম শুরু হবে এবং সংশ্লিষ্ট সবাইকে প্রয়োজনীয় নির্দেশনা দেওয়া হয়েছে। স্থানীয় বাসিন্দারা বলেন, পরিস্থিতি স্বাভাবিক রাখতে প্রশাসন তৎপর রয়েছে এবং আইনশৃঙ্খলা বাহিনীর সদস্যরা এলাকায় অবস্থান করছেন।
গোবিন্দগঞ্জে
শেষ পাতার পর
সংক্ষিপ্ত বিবরণ প্রথম পাতার পর এক সপ্তাহের মধ্যে বিভিন্ন প্রতিষ্ঠানের কর্মকর্তারা জানিয়েছেন যে নির্ধারিত সময়ের আগেই কার্যক্রম শুরু হবে এবং সংশ্লিষ্ট সবাইকে প্রয়োজনীয় নির্দেশনা দেওয়া হয়েছে। স্থানীয় বাসিন্দারা বলেন, পরিস্থিতি স্বাভাবিক রাখতে প্রশাসন তৎপর রয়েছে এবং আইনশৃঙ্খলা বাহিনীর সদস্যরা এলাকায় অবস্থান করছেন।
সংক্ষিপ্ত বিবরণ প্রথম পাতার পর এক সপ্তাহের মধ্যে বিভিন্ন প্রতিষ্ঠানের কর্মকর্তারা জানিয়েছেন যে নির্ধারিত সময়ের আগেই কার্যক্রম শুরু হবে এবং সংশ্লিষ্ট সবাইকে প্রয়োজনীয় নির্দেশনা দেওয়া হয়েছে। স্থানীয় বাসিন্দারা বলেন, পরিস্থিতি স্বাভাবিক রাখতে প্রশাসন তৎপর রয়েছে এবং আইনশৃঙ্খলা বাহিনীর সদস্যরা এলাকায় অবস্থান করছেন।
সংক্ষিপ্ত বিবরণ প্রথম পাতার পর এক সপ্তাহের মধ্যে বিভিন্ন প্রতিষ্ঠানের কর্মকর্তারা জানিয়েছেন যে নির্ধারিত সময়ের আগেই কার্যক্রম শুরু হবে এবং সংশ্লিষ্ট সবাইকে প্রয়োজনীয় নির্দেশনা দেওয়া হয়েছে। স্থানীয় বাসিন্দারা বলেন, পরিস্থিতি স্বাভাবিক রাখতে প্রশাসন তৎপর রয়েছে এবং আইনশৃঙ্খলা বাহিনীর সদস্যরা এলাকায় অবস্থান করছেন।
সংক্ষিপ্ত বিবরণ প্রথম পাতার পর এক সপ্তাহের মধ্যে বিভিন্ন প্রতিষ্ঠানের কর্মকর্তারা জানিয়েছেন যে নির্ধারিত সময়ের আগেই কার্যক্রম শুরু হবে এবং সংশ্লিষ্ট সবাইকে প্রয়োজনীয় নির্দেশনা দেওয়া হয়েছে। স্থানীয় বাসিন্দারা বলেন, পরিস্থিতি স্বাভাবিক রাখতে প্রশাসন তৎপর রয়েছে এবং আইনশৃঙ্খলা বাহিনীর সদস্যরা এলাকায় অবস্থান করছেন।
মে মাসে
শেষ পাতার পর
সংক্ষিপ্ত বিবরণ প্রথম পাতার পর এক সপ্তাহের মধ্যে বিভিন্ন প্রতিষ্ঠানের কর্মকর্তারা জানিয়েছেন যে নির্ধারিত সময়ের আগেই কার্যক্রম শুরু হবে এবং সংশ্লিষ্ট সবাইকে প্রয়োজনীয় নির্দেশনা দেওয়া হয়েছে। স্থানীয় বাসিন্দারা বলেন, পরিস্থিতি স্বাভাবিক রাখতে প্রশাসন তৎপর রয়েছে এবং আইনশৃঙ্খলা বাহিনীর সদস্যরা এলাকায় অবস্থান করছেন।
সংক্ষিপ্ত বিবরণ প্রথম পাতার পর এক সপ্তাহের মধ্যে বিভিন্ন প্রতিষ্ঠানের কর্মকর্তারা জানিয়েছেন যে নির্ধারিত সময়ের আগেই কার্যক্রম শুরু হবে এবং সংশ্লিষ্ট সবাইকে প্রয়োজনীয় নির্দেশনা দেওয়া হয়েছে। স্থানীয় বাসিন্দারা বলেন, পরিস্থিতি স্বাভাবিক রাখতে প্রশাসন তৎপর রয়েছে এবং আইনশৃঙ্খলা বাহিনীর সদস্যরা এলাকায় অবস্থান করছেন।
সংক্ষিপ্ত বিবরণ প্রথম পাতার পর এক সপ্তাহের মধ্যে বিভিন্ন প্রতিষ্ঠানের কর্মকর্তারা জানিয়েছেন যে নির্ধারিত সময়ের আগেই কার্যক্রম শুরু হবে এবং সংশ্লিষ্ট সবাইকে প্রয়োজনীয় নির্দেশনা দেওয়া হয়েছে। স্থানীয় বাসিন্দারা বলেন, পরিস্থিতি স্বাভাবিক রাখতে প্রশাসন তৎপর রয়েছে এবং আইনশৃঙ্খলা বাহিনীর সদস্যরা এলাকায় অবস্থান করছেন।
সংক্ষিপ্ত বিবরণ প্রথম পাতার পর এক সপ্তাহের মধ্যে বিভিন্ন প্রতিষ্ঠানের কর্মকর্তারা জানিয়েছেন যে নির্ধারিত সময়ের আগেই কার্যক্রম শুরু হবে এবং সংশ্লিষ্ট সবাইকে প্রয়োজনীয় নির্দেশনা দেওয়া হয়েছে। স্থানীয় বাসিন্দারা বলেন, পরিস্থিতি স্বাভাবিক রাখতে প্রশাসন তৎপর রয়েছে এবং আইনশৃঙ্খলা বাহিনীর সদস্যরা এলাকায় অবস্থান করছেন।
সৌদি আরবে
শেষ পাতার পর
সংক্ষিপ্ত বিবরণ প্রথম পাতার পর এক সপ্তাহের মধ্যে বিভিন্ন প্রতিষ্ঠানের কর্মকর্তারা জানিয়েছেন যে নির্ধারিত সময়ের আগেই কার্যক্রম শুরু হবে এবং সংশ্লিষ্ট সবাইকে প্রয়োজনীয় নির্দেশনা দেওয়া হয়েছে। স্থানীয় বাসিন্দারা বলেন, পরিস্থিতি স্বাভাবিক রাখতে প্রশাসন তৎপর রয়েছে এবং আইনশৃঙ্খলা বাহিনীর সদস্যরা এলাকায় অবস্থান করছেন।
সংক্ষিপ্ত বিবরণ প্রথম পাতার পর এক সপ্তাহের মধ্যে বিভিন্ন প্রতিষ্ঠানের কর্মকর্তারা জানিয়েছেন যে নির্ধারিত সময়ের আগেই কার্যক্রম শুরু হবে এবং সংশ্লিষ্ট সবাইকে প্রয়োজনীয় নির্দেশনা দেওয়া হয়েছে। স্থানীয় বাসিন্দারা বলেন, পরিস্থিতি স্বাভাবিক রাখতে প্রশাসন তৎপর রয়েছে এবং আইনশৃঙ্খলা বাহিনীর সদস্যরা এলাকায় অবস্থান করছেন।
সংক্ষিপ্ত বিবরণ প্রথম পাতার পর এক সপ্তাহের মধ্যে বিভিন্ন প্রতিষ্ঠানের কর্মকর্তারা জানিয়েছেন যে নির্ধারিত সময়ের আগেই কার্যক্রম শুরু হবে এবং সংশ্লিষ্ট সবাইকে প্রয়োজনীয় নির্দেশনা দেওয়া হয়েছে। স্থানীয় বাসিন্দারা বলেন, পরিস্থিতি স্বাভাবিক রাখতে প্রশাসন তৎপর রয়েছে এবং আইনশৃঙ্খলা বাহিনীর সদস্যরা এলাকায় অবস্থান করছেন।
সংক্ষিপ্ত বিবরণ প্রথম পাতার পর এক সপ্তাহের মধ্যে বিভিন্ন প্রতিষ্ঠানের কর্মকর্তারা জানিয়েছেন যে নির্ধারিত সময়ের আগেই কার্যক্রম শুরু হবে এবং সংশ্লিষ্ট সবাইকে প্রয়োজনীয় নির্দেশনা দেওয়া হয়েছে। স্থানীয় বাসিন্দারা বলেন, পরিস্থিতি স্বাভাবিক রাখতে প্রশাসন তৎপর রয়েছে এবং আইনশৃঙ্খলা বাহিনীর সদস্যরা এলাকায় অবস্থান করছেন।
শরীয়তপুরে
শেষ পাতার পর
সংক্ষিপ্ত বিবরণ প্রথম পাতার পর এক সপ্তাহের মধ্যে বিভিন্ন প্রতিষ্ঠানের কর্মকর্তারা জানিয়েছেন যে নির্ধারিত সময়ের আগেই কার্যক্রম শুরু হবে এবং সংশ্লিষ্ট সবাইকে প্রয়োজনীয় নির্দেশনা দেওয়া হয়েছে। স্থানীয় বাসিন্দারা বলেন, পরিস্থিতি স্বাভাবিক রাখতে প্রশাসন তৎপর রয়েছে এবং আইনশৃঙ্খলা বাহিনীর সদস্যরা এলাকায় অবস্থান করছেন।
সংক্ষিপ্ত বিবরণ প্রথম পাতার পর এক সপ্তাহের মধ্যে বিভিন্ন প্রতিষ্ঠানের কর্মকর্তারা জানিয়েছেন যে নির্ধারিত সময়ের আগেই কার্যক্রম শুরু হবে এবং সংশ্লিষ্ট সবাইকে প্রয়োজনীয় নির্দেশনা দেওয়া হয়েছে। স্থানীয় বাসিন্দারা বলেন, পরিস্থিতি স্বাভাবিক রাখতে প্রশাসন তৎপর রয়েছে এবং আইনশৃঙ্খলা বাহিনীর সদস্যরা এলাকায় অবস্থান করছেন।
সংক্ষিপ্ত বিবরণ প্রথম পাতার পর এক সপ্তাহের মধ্যে বিভিন্ন প্রতিষ্ঠানের কর্মকর্তারা জানিয়েছেন যে নির্ধারিত সময়ের আগেই কার্যক্রম শুরু হবে এবং সংশ্লিষ্ট সবাইকে প্রয়োজনীয় নির্দেশনা দেওয়া হয়েছে। স্থানীয় বাসিন্দারা বলেন, পরিস্থিতি স্বাভাবিক রাখতে প্রশাসন তৎপর রয়েছে এবং আইনশৃঙ্খলা বাহিনীর সদস্যরা এলাকায় অবস্থান করছেন।
সংক্ষিপ্ত বিবরণ প্রথম পাতার পর এক সপ্তাহের মধ্যে বিভিন্ন প্রতিষ্ঠানের কর্মকর্তারা জানিয়েছেন যে নির্ধারিত সময়ের আগেই কার্যক্রম শুরু হবে এবং সংশ্লিষ্ট সবাইকে প্রয়োজনীয় নির্দেশনা দেওয়া হয়েছে। স্থানীয় বাসিন্দারা বলেন, পরিস্থিতি স্বাভাবিক রাখতে প্রশাসন তৎপর রয়েছে এবং আইনশৃঙ্খলা বাহিনীর সদস্যরা এলাকায় অবস্থান করছেন।
নিবন্ধন পরীক্ষায়
শেষ পাতার পর
সংক্ষিপ্ত বিবরণ প্রথম পাতার পর এক সপ্তাহের মধ্যে বিভিন্ন প্রতিষ্ঠানের কর্মকর্তারা জানিয়েছেন যে নির্ধারিত সময়ের আগেই কার্যক্রম শুরু হবে এবং সংশ্লিষ্ট সবাইকে প্রয়োজনীয় নির্দেশনা দেওয়া হয়েছে। স্থানীয় বাসিন্দারা বলেন, পরিস্থিতি স্বাভাবিক রাখতে প্রশাসন তৎপর রয়েছে এবং আইনশৃঙ্খলা বাহিনীর সদস্যরা এলাকায় অবস্থান করছেন।
সংক্ষিপ্ত বিবরণ প্রথম পাতার পর এক সপ্তাহের মধ্যে বিভিন্ন প্রতিষ্ঠানের কর্মকর্তারা জানিয়েছেন যে নির্ধারিত সময়ের আগেই কার্যক্রম শুরু হবে এবং সংশ্লিষ্ট সবাইকে প্রয়োজনীয় নির্দেশনা দেওয়া হয়েছে। স্থানীয় বাসিন্দারা বলেন, পরিস্থিতি স্বাভাবিক রাখতে প্রশাসন তৎপর রয়েছে এবং আইনশৃঙ্খলা বাহিনীর সদস্যরা এলাকায় অবস্থান করছেন।
সংক্ষিপ্ত বিবরণ প্রথম পাতার পর এক সপ্তাহের মধ্যে বিভিন্ন প্রতিষ্ঠানের কর্মকর্তারা জানিয়েছেন যে নির্ধারিত সময়ের আগেই কার্যক্রম শুরু হবে এবং সংশ্লিষ্ট সবাইকে প্রয়োজনীয় নির্দেশনা দেওয়া হয়েছে। স্থানীয় বাসিন্দারা বলেন, পরিস্থিতি স্বাভাবিক রাখতে প্রশাসন তৎপর রয়েছে এবং আইনশৃঙ্খলা বাহিনীর সদস্যরা এলাকায় অবস্থান করছেন।
সংক্ষিপ্ত বিবরণ প্রথম পাতার পর এক সপ্তাহের মধ্যে বিভিন্ন প্রতিষ্ঠানের কর্মকর্তারা জানিয়েছেন যে নির্ধারিত সময়ের আগেই কার্যক্রম শুরু হবে এবং সংশ্লিষ্ট সবাইকে প্রয়োজনীয় নির্দেশনা দেওয়া হয়েছে। স্থানীয় বাসিন্দারা বলেন, পরিস্থিতি স্বাভাবিক রাখতে প্রশাসন তৎপর রয়েছে এবং আইনশৃঙ্খলা বাহিনীর সদস্যরা এলাকায় অবস্থান করছেন।
সংক্ষিপ্ত বিবরণ প্রথম পাতার পর এক সপ্তাহের মধ্যে বিভিন্ন প্রতিষ্ঠানের কর্মকর্তারা জানিয়েছেন যে নির্ধারিত সময়ের আগেই কার্যক্রম শুরু হবে এবং সংশ্লিষ্ট সবাইকে প্রয়োজনীয় নির্দেশনা দেওয়া হয়েছে। স্থানীয় বাসিন্দারা বলেন, পরিস্থিতি স্বাভাবিক রাখতে প্রশাসন তৎপর রয়েছে এবং আইনশৃঙ্খলা বাহিনীর সদস্যরা এলাকায় অবস্থান করছেন।
সংক্ষিপ্ত বিবরণ প্রথম পাতার পর এক সপ্তাহের মধ্যে বিভিন্ন প্রতিষ্ঠানের কর্মকর্তারা জানিয়েছেন যে নির্ধারিত সময়ের আগেই কার্যক্রম শুরু হবে এবং সংশ্লিষ্ট সবাইকে প্রয়োজনীয় নির্দেশনা দেওয়া হয়েছে। স্থানীয় বাসিন্দারা বলেন, পরিস্থিতি স্বাভাবিক রাখতে প্রশাসন তৎপর রয়েছে এবং আইনশৃঙ্খলা বাহিনীর সদস্যরা এলাকায় অবস্থান করছেন।
সংক্ষিপ্ত বিবরণ প্রথম পাতার পর এক সপ্তাহের মধ্যে বিভিন্ন প্রতিষ্ঠানের কর্মকর্তারা জানিয়েছেন যে নির্ধারিত সময়ের আগেই কার্যক্রম শুরু হবে এবং সংশ্লিষ্ট সবাইকে প্রয়োজনীয় নির্দেশনা দেওয়া হয়েছে। স্থানীয় বাসিন্দারা বলেন, পরিস্থিতি স্বাভাবিক রাখতে প্রশাসন তৎপর রয়েছে এবং আইনশৃঙ্খলা বাহিনীর সদস্যরা এলাকায় অবস্থান করছেন।
সংক্ষিপ্ত বিবরণ প্রথম পাতার পর এক সপ্তাহের মধ্যে বিভিন্ন প্রতিষ্ঠানের কর্মকর্তারা জানিয়েছেন যে নির্ধারিত সময়ের আগেই কার্যক্রম শুরু হবে এবং সংশ্লিষ্ট সবাইকে প্রয়োজনীয় নির্দেশনা দেওয়া হয়েছে। স্থানীয় বাসিন্দারা বলেন, পরিস্থিতি স্বাভাবিক রাখতে প্রশাসন তৎপর রয়েছে এবং আইনশৃঙ্খলা বাহিনীর সদস্যরা এলাকায় অবস্থান করছেন।
২১ বছর পর
শেষ পাতার পর
সংক্ষিপ্ত বিবরণ প্রথম পাতার পর এক সপ্তাহের মধ্যে বিভিন্ন প্রতিষ্ঠানের কর্মকর্তারা জানিয়েছেন যে নির্ধারিত সময়ের আগেই কার্যক্রম শুরু হবে এবং সংশ্লিষ্ট সবাইকে প্রয়োজনীয় নির্দেশনা দেওয়া হয়েছে। স্থানীয় বাসিন্দারা বলেন, পরিস্থিতি স্বাভাবিক রাখতে প্রশাসন তৎপর রয়েছে এবং আইনশৃঙ্খলা বাহিনীর সদস্যরা এলাকায় অবস্থান করছেন।
সংক্ষিপ্ত বিবরণ প্রথম পাতার পর এক সপ্তাহের মধ্যে বিভিন্ন প্রতিষ্ঠানের কর্মকর্তারা জানিয়েছেন যে নির্ধারিত সময়ের আগেই কার্যক্রম শুরু হবে এবং সংশ্লিষ্ট সবাইকে প্রয়োজনীয় নির্দেশনা দেওয়া হয়েছে। স্থানীয় বাসিন্দারা বলেন, পরিস্থিতি স্বাভাবিক রাখতে প্রশাসন তৎপর রয়েছে এবং আইনশৃঙ্খলা বাহিনীর সদস্যরা এলাকায় অবস্থান করছেন।
সংক্ষিপ্ত বিবরণ প্রথম পাতার পর এক সপ্তাহের মধ্যে বিভিন্ন প্রতিষ্ঠানের কর্মকর্তারা জানিয়েছেন যে নির্ধারিত সময়ের আগেই কার্যক্রম শুরু হবে এবং সংশ্লিষ্ট সবাইকে প্রয়োজনীয় নির্দেশনা দেওয়া হয়েছে। স্থানীয় বাসিন্দারা বলেন, পরিস্থিতি স্বাভাবিক রাখতে প্রশাসন তৎপর রয়েছে এবং আইনশৃঙ্খলা বাহিনীর সদস্যরা এলাকায় অবস্থান করছেন।
সংক্ষিপ্ত বিবরণ প্রথম পাতার পর এক সপ্তাহের মধ্যে বিভিন্ন প্রতিষ্ঠানের কর্মকর্তারা জানিয়েছেন যে নির্ধারিত সময়ের আগেই কার্যক্রম শুরু হবে এবং সংশ্লিষ্ট সবাইকে প্রয়োজনীয় নির্দেশনা দেওয়া হয়েছে। স্থানীয় বাসিন্দারা বলেন, পরিস্থিতি স্বাভাবিক রাখতে প্রশাসন তৎপর রয়েছে এবং আইনশৃঙ্খলা বাহিনীর সদস্যরা এলাকায় অবস্থান করছেন।
বিএনপি-গণঅধিকার
শেষ পাতার পর
সংক্ষিপ্ত বিবরণ প্রথম পাতার পর এক সপ্তাহের মধ্যে বিভিন্ন প্রতিষ্ঠানের কর্মকর্তারা জানিয়েছেন যে নির্ধারিত সময়ের আগেই কার্যক্রম শুরু হবে এবং সংশ্লিষ্ট সবাইকে প্রয়োজনীয় নির্দেশনা দেওয়া হয়েছে। স্থানীয় বাসিন্দারা বলেন, পরিস্থিতি স্বাভাবিক রাখতে প্রশাসন তৎপর রয়েছে এবং আইনশৃঙ্খলা বাহিনীর সদস্যরা এলাকায় অবস্থান করছেন।
সংক্ষিপ্ত বিবরণ প্রথম পাতার পর এক সপ্তাহের মধ্যে বিভিন্ন প্রতিষ্ঠানের কর্মকর্তারা জানিয়েছেন যে নির্ধারিত সময়ের আগেই কার্যক্রম শুরু হবে এবং সংশ্লিষ্ট সবাইকে প্রয়োজনীয় নির্দেশনা দেওয়া হয়েছে। স্থানীয় বাসিন্দারা বলেন, পরিস্থিতি স্বাভাবিক রাখতে প্রশাসন তৎপর রয়েছে এবং আইনশৃঙ্খলা বাহিনীর সদস্যরা এলাকায় অবস্থান করছেন।
সংক্ষিপ্ত বিবরণ প্রথম পাতার পর এক সপ্তাহের মধ্যে বিভিন্ন প্রতিষ্ঠানের কর্মকর্তারা জানিয়েছেন যে নির্ধারিত সময়ের আগেই কার্যক্রম শুরু হবে এবং সংশ্লিষ্ট সবাইকে প্রয়োজনীয় নির্দেশনা দেওয়া হয়েছে। স্থানীয় বাসিন্দারা বলেন, পরিস্থিতি স্বাভাবিক রাখতে প্রশাসন তৎপর রয়েছে এবং আইনশৃঙ্খলা বাহিনীর সদস্যরা এলাকায় অবস্থান করছেন।
সংক্ষিপ্ত বিবরণ প্রথম পাতার পর এক সপ্তাহের মধ্যে বিভিন্ন প্রতিষ্ঠানের কর্মকর্তারা জানিয়েছেন যে নির্ধারিত সময়ের আগেই কার্যক্রম শুরু হবে এবং সংশ্লিষ্ট সবাইকে প্রয়োজনীয় নির্দেশনা দেওয়া হয়েছে। স্থানীয় বাসিন্দারা বলেন, পরিস্থিতি স্বাভাবিক রাখতে প্রশাসন তৎপর রয়েছে এবং আইনশৃঙ্খলা বাহিনীর সদস্যরা এলাকায় অবস্থান করছেন।
সাতক্ষীরায় গর্তে
শেষ পাতার পর
সংক্ষিপ্ত বিবরণ প্রথম পাতার পর এক সপ্তাহের মধ্যে বিভিন্ন প্রতিষ্ঠানের কর্মকর্তারা জানিয়েছেন যে নির্ধারিত সময়ের আগেই কার্যক্রম শুরু হবে এবং সংশ্লিষ্ট সবাইকে প্রয়োজনীয় নির্দেশনা দেওয়া হয়েছে। স্থানীয় বাসিন্দারা বলেন, পরিস্থিতি স্বাভাবিক রাখতে প্রশাসন তৎপর রয়েছে এবং আইনশৃঙ্খলা বাহিনীর সদস্যরা এলাকায় অবস্থান করছেন।
সংক্ষিপ্ত বিবরণ প্রথম পাতার পর এক সপ্তাহের মধ্যে বিভিন্ন প্রতিষ্ঠানের কর্মকর্তারা জানিয়েছেন যে নির্ধারিত সময়ের আগেই কার্যক্রম শুরু হবে এবং সংশ্লিষ্ট সবাইকে প্রয়োজনীয় নির্দেশনা দেওয়া হয়েছে। স্থানীয় বাসিন্দারা বলেন, পরিস্থিতি স্বাভাবিক রাখতে প্রশাসন তৎপর রয়েছে এবং আইনশৃঙ্খলা বাহিনীর সদস্যরা এলাকায় অবস্থান করছেন।
সংক্ষিপ্ত বিবরণ প্রথম পাতার পর এক সপ্তাহের মধ্যে বিভিন্ন প্রতিষ্ঠানের কর্মকর্তারা জানিয়েছেন যে নির্ধারিত সময়ের আগেই কার্যক্রম শুরু হবে এবং সংশ্লিষ্ট সবাইকে প্রয়োজনীয় নির্দেশনা দেওয়া হয়েছে। স্থানীয় বাসিন্দারা বলেন, পরিস্থিতি স্বাভাবিক রাখতে প্রশাসন তৎপর রয়েছে এবং আইনশৃঙ্খলা বাহিনীর সদস্যরা এলাকায় অবস্থান করছেন।
সংক্ষিপ্ত বিবরণ প্রথম পাতার পর এক সপ্তাহের মধ্যে বিভিন্ন প্রতিষ্ঠানের কর্মকর্তারা জানিয়েছেন যে নির্ধারিত সময়ের আগেই কার্যক্রম শুরু হবে এবং সংশ্লিষ্ট সবাইকে প্রয়োজনীয় নির্দেশনা দেওয়া হয়েছে। স্থানীয় বাসিন্দারা বলেন, পরিস্থিতি স্বাভাবিক রাখতে প্রশাসন তৎপর রয়েছে এবং আইনশৃঙ্খলা বাহিনীর সদস্যরা এলাকায় অবস্থান করছেন।
প্রবেশনে মুক্তি
শেষ পাতার পর
সংক্ষিপ্ত বিবরণ প্রথম পাতার পর এক সপ্তাহের মধ্যে বিভিন্ন প্রতিষ্ঠানের কর্মকর্তারা জানিয়েছেন যে নির্ধারিত সময়ের আগেই কার্যক্রম শুরু হবে এবং সংশ্লিষ্ট সবাইকে প্রয়োজনীয় নির্দেশনা দেওয়া হয়েছে। স্থানীয় বাসিন্দারা বলেন, পরিস্থিতি স্বাভাবিক রাখতে প্রশাসন তৎপর রয়েছে এবং আইনশৃঙ্খলা বাহিনীর সদস্যরা এলাকায় অবস্থান করছেন।
সংক্ষিপ্ত বিবরণ প্রথম পাতার পর এক সপ্তাহের মধ্যে বিভিন্ন প্রতিষ্ঠানের কর্মকর্তারা জানিয়েছেন যে নির্ধারিত সময়ের আগেই কার্যক্রম শুরু হবে এবং সংশ্লিষ্ট সবাইকে প্রয়োজনীয় নির্দেশনা দেওয়া হয়েছে। স্থানীয় বাসিন্দারা বলেন, পরিস্থিতি স্বাভাবিক রাখতে প্রশাসন তৎপর রয়েছে এবং আইনশৃঙ্খলা বাহিনীর সদস্যরা এলাকায় অবস্থান করছেন।
সংক্ষিপ্ত বিবরণ প্রথম পাতার পর এক সপ্তাহের মধ্যে বিভিন্ন প্রতিষ্ঠানের কর্মকর্তারা জানিয়েছেন যে নির্ধারিত সময়ের আগেই কার্যক্রম শুরু হবে এবং সংশ্লিষ্ট সবাইকে প্রয়োজনীয় নির্দেশনা দেওয়া হয়েছে। স্থানীয় বাসিন্দারা বলেন, পরিস্থিতি স্বাভাবিক রাখতে প্রশাসন তৎপর রয়েছে এবং আইনশৃঙ্খলা বাহিনীর সদস্যরা এলাকায় অবস্থান করছেন।
সংক্ষিপ্ত বিবরণ প্রথম পাতার পর এক সপ্তাহের মধ্যে বিভিন্ন প্রতিষ্ঠানের কর্মকর্তারা জানিয়েছেন যে নির্ধারিত সময়ের আগেই কার্যক্রম শুরু হবে এবং সংশ্লিষ্ট সবাইকে প্রয়োজনীয় নির্দেশনা দেওয়া হয়েছে। স্থানীয় বাসিন্দারা বলেন, পরিস্থিতি স্বাভাবিক রাখতে প্রশাসন তৎপর রয়েছে এবং আইনশৃঙ্খলা বাহিনীর সদস্যরা এলাকায় অবস্থান করছেন।
মরিচক্ষেতে মিলল
শেষ পাতার পর
সংক্ষিপ্ত বিবরণ প্রথম পাতার পর এক সপ্তাহের মধ্যে বিভিন্ন প্রতিষ্ঠানের কর্মকর্তারা জানিয়েছেন যে নির্ধারিত সময়ের আগেই কার্যক্রম শুরু হবে এবং সংশ্লিষ্ট সবাইকে প্রয়োজনীয় নির্দেশনা দেওয়া হয়েছে। স্থানীয় বাসিন্দারা বলেন, পরিস্থিতি স্বাভাবিক রাখতে প্রশাসন তৎপর রয়েছে এবং আইনশৃঙ্খলা বাহিনীর সদস্যরা এলাকায় অবস্থান করছেন।
সংক্ষিপ্ত বিবরণ প্রথম পাতার পর এক সপ্তাহের মধ্যে বিভিন্ন প্রতিষ্ঠানের কর্মকর্তারা জানিয়েছেন যে নির্ধারিত সময়ের আগেই কার্যক্রম শুরু হবে এবং সংশ্লিষ্ট সবাইকে প্রয়োজনীয় নির্দেশনা দেওয়া হয়েছে। স্থানীয় বাসিন্দারা বলেন, পরিস্থিতি স্বাভাবিক রাখতে প্রশাসন তৎপর রয়েছে এবং আইনশৃঙ্খলা বাহিনীর সদস্যরা এলাকায় অবস্থান করছেন।
সংক্ষিপ্ত বিবরণ প্রথম পাতার পর এক সপ্তাহের মধ্যে বিভিন্ন প্রতিষ্ঠানের কর্মকর্তারা জানিয়েছেন যে নির্ধারিত সময়ের আগেই কার্যক্রম শুরু হবে এবং সংশ্লিষ্ট সবাইকে প্রয়োজনীয় নির্দেশনা দেওয়া হয়েছে। স্থানীয় বাসিন্দারা বলেন, পরিস্থিতি স্বাভাবিক রাখতে প্রশাসন তৎপর রয়েছে এবং আইনশৃঙ্খলা বাহিনীর সদস্যরা এলাকায় অবস্থান করছেন।
সংক্ষিপ্ত বিবরণ প্রথম পাতার পর এক সপ্তাহের মধ্যে বিভিন্ন প্রতিষ্ঠানের কর্মকর্তারা জানিয়েছেন যে নির্ধারিত সময়ের আগেই কার্যক্রম শুরু হবে এবং সংশ্লিষ্ট সবাইকে প্রয়োজনীয় নির্দেশনা দেওয়া হয়েছে। স্থানীয় বাসিন্দারা বলেন, পরিস্থিতি স্বাভাবিক রাখতে প্রশাসন তৎপর রয়েছে এবং আইনশৃঙ্খলা বাহিনীর সদস্যরা এলাকায় অবস্থান করছেন।
ভারতের বিমান
শেষ পাতার পর
সংক্ষিপ্ত বিবরণ প্রথম পাতার পর এক সপ্তাহের মধ্যে বিভিন্ন প্রতিষ্ঠানের কর্মকর্তারা জানিয়েছেন যে নির্ধারিত সময়ের আগেই কার্যক্রম শুরু হবে এবং সংশ্লিষ্ট সবাইকে প্রয়োজনীয় নির্দেশনা দেওয়া হয়েছে। স্থানীয় বাসিন্দারা বলেন, পরিস্থিতি স্বাভাবিক রাখতে প্রশাসন তৎপর রয়েছে এবং আইনশৃঙ্খলা বাহিনীর সদস্যরা এলাকায় অবস্থান করছেন।
সংক্ষিপ্ত বিবরণ প্রথম পাতার পর এক সপ্তাহের মধ্যে বিভিন্ন প্রতিষ্ঠানের কর্মকর্তারা জানিয়েছেন যে নির্ধারিত সময়ের আগেই কার্যক্রম শুরু হবে এবং সংশ্লিষ্ট সবাইকে প্রয়োজনীয় নির্দেশনা দেওয়া হয়েছে। স্থানীয় বাসিন্দারা বলেন, পরিস্থিতি স্বাভাবিক রাখতে প্রশাসন তৎপর রয়েছে এবং আইনশৃঙ্খলা বাহিনীর সদস্যরা এলাকায় অবস্থান করছেন।
সংক্ষিপ্ত বিবরণ প্রথম পাতার পর এক সপ্তাহের মধ্যে বিভিন্ন প্রতিষ্ঠানের কর্মকর্তারা জানিয়েছেন যে নির্ধারিত সময়ের আগেই কার্যক্রম শুরু হবে এবং সংশ্লিষ্ট সবাইকে প্রয়োজনীয় নির্দেশনা দেওয়া হয়েছে। স্থানীয় বাসিন্দারা বলেন, পরিস্থিতি স্বাভাবিক রাখতে প্রশাসন তৎপর রয়েছে এবং আইনশৃঙ্খলা বাহিনীর সদস্যরা এলাকায় অবস্থান করছেন।
সংক্ষিপ্ত বিবরণ প্রথম পাতার পর এক সপ্তাহের মধ্যে বিভিন্ন প্রতিষ্ঠানের কর্মকর্তারা জানিয়েছেন যে নির্ধারিত সময়ের আগেই কার্যক্রম শুরু হবে এবং সংশ্লিষ্ট সবাইকে প্রয়োজনীয় নির্দেশনা দেওয়া হয়েছে। স্থানীয় বাসিন্দারা বলেন, পরিস্থিতি স্বাভাবিক রাখতে প্রশাসন তৎপর রয়েছে এবং আইনশৃঙ্খলা বাহিনীর সদস্যরা এলাকায় অবস্থান করছেন।
ইসরায়েলে পাল্টা
শেষ পাতার পর
সংক্ষিপ্ত বিবরণ প্রথম পাতার পর এক সপ্তাহের মধ্যে বিভিন্ন প্রতিষ্ঠানের কর্মকর্তারা জানিয়েছেন যে নির্ধারিত সময়ের আগেই কার্যক্রম শুরু হবে এবং সংশ্লিষ্ট সবাইকে প্রয়োজনীয় নির্দেশনা দেওয়া হয়েছে। স্থানীয় বাসিন্দারা বলেন, পরিস্থিতি স্বাভাবিক রাখতে প্রশাসন তৎপর রয়েছে এবং আইনশৃঙ্খলা বাহিনীর সদস্যরা এলাকায় অবস্থান করছেন।
সংক্ষিপ্ত বিবরণ প্রথম পাতার পর এক সপ্তাহের মধ্যে বিভিন্ন প্রতিষ্ঠানের কর্মকর্তারা জানিয়েছেন যে নির্ধারিত সময়ের আগেই কার্যক্রম শুরু হবে এবং সংশ্লিষ্ট সবাইকে প্রয়োজনীয় নির্দেশনা দেওয়া হয়েছে। স্থানীয় বাসিন্দারা বলেন, পরিস্থিতি স্বাভাবিক রাখতে প্রশাসন তৎপর রয়েছে এবং আইনশৃঙ্খলা বাহিনীর সদস্যরা এলাকায় অবস্থান করছেন।
সংক্ষিপ্ত বিবরণ প্রথম পাতার পর এক সপ্তাহের মধ্যে বিভিন্ন প্রতিষ্ঠানের কর্মকর্তারা জানিয়েছেন যে নির্ধারিত সময়ের আগেই কার্যক্রম শুরু হবে এবং সংশ্লিষ্ট সবাইকে প্রয়োজনীয় নির্দেশনা দেওয়া হয়েছে। স্থানীয় বাসিন্দারা বলেন, পরিস্থিতি স্বাভাবিক রাখতে প্রশাসন তৎপর রয়েছে এবং আইনশৃঙ্খলা বাহিনীর সদস্যরা এলাকায় অবস্থান করছেন।
সংক্ষিপ্ত বিবরণ প্রথম পাতার পর এক সপ্তাহের মধ্যে বিভিন্ন প্রতিষ্ঠানের কর্মকর্তারা জানিয়েছেন যে নির্ধারিত সময়ের আগেই কার্যক্রম শুরু হবে এবং সংশ্লিষ্ট সবাইকে প্রয়োজনীয় নির্দেশনা দেওয়া হয়েছে। স্থানীয় বাসিন্দারা বলেন, পরিস্থিতি স্বাভাবিক রাখতে প্রশাসন তৎপর রয়েছে এবং আইনশৃঙ্খলা বাহিনীর সদস্যরা এলাকায় অবস্থান করছেন।
ইরানের পাল্টা
শেষ পাতার পর
সংক্ষিপ্ত বিবরণ প্রথম পাতার পর এক সপ্তাহের মধ্যে বিভিন্ন প্রতিষ্ঠানের কর্মকর্তারা জানিয়েছেন যে নির্ধারিত সময়ের আগেই কার্যক্রম শুরু হবে এবং সংশ্লিষ্ট সবাইকে প্রয়োজনীয় নির্দেশনা দেওয়া হয়েছে। স্থানীয় বাসিন্দারা বলেন, পরিস্থিতি স্বাভাবিক রাখতে প্রশাসন তৎপর রয়েছে এবং আইনশৃঙ্খলা বাহিনীর সদস্যরা এলাকায় অবস্থান করছেন।
সংক্ষিপ্ত বিবরণ প্রথম পাতার পর এক সপ্তাহের মধ্যে বিভিন্ন প্রতিষ্ঠানের কর্মকর্তারা জানিয়েছেন যে নির্ধারিত সময়ের আগেই কার্যক্রম শুরু হবে এবং সংশ্লিষ্ট সবাইকে প্রয়োজনীয় নির্দেশনা দেওয়া হয়েছে। স্থানীয় বাসিন্দারা বলেন, পরিস্থিতি স্বাভাবিক রাখতে প্রশাসন তৎপর রয়েছে এবং আইনশৃঙ্খলা বাহিনীর সদস্যরা এলাকায় অবস্থান করছেন।
সংক্ষিপ্ত বিবরণ প্রথম পাতার পর এক সপ্তাহের মধ্যে বিভিন্ন প্রতিষ্ঠানের কর্মকর্তারা জানিয়েছেন যে নির্ধারিত সময়ের আগেই কার্যক্রম শুরু হবে এবং সংশ্লিষ্ট সবাইকে প্রয়োজনীয় নির্দেশনা দেওয়া হয়েছে। স্থানীয় বাসিন্দারা বলেন, পরিস্থিতি স্বাভাবিক রাখতে প্রশাসন তৎপর রয়েছে এবং আইনশৃঙ্খলা বাহিনীর সদস্যরা এলাকায় অবস্থান করছেন।
সংক্ষিপ্ত বিবরণ প্রথম পাতার পর এক সপ্তাহের মধ্যে বিভিন্ন প্রতিষ্ঠানের কর্মকর্তারা জানিয়েছেন যে নির্ধারিত সময়ের আগেই কার্যক্রম শুরু হবে এবং সংশ্লিষ্ট সবাইকে প্রয়োজনীয় নির্দেশনা দেওয়া হয়েছে। স্থানীয় বাসিন্দারা বলেন, পরিস্থিতি স্বাভাবিক রাখতে প্রশাসন তৎপর রয়েছে এবং আইনশৃঙ্খলা বাহিনীর সদস্যরা এলাকায় অবস্থান করছেন।
সংক্ষিপ্ত বিবরণ প্রথম পাতার পর এক সপ্তাহের মধ্যে বিভিন্ন প্রতিষ্ঠানের কর্মকর্তারা জানিয়েছেন যে নির্ধারিত সময়ের আগেই কার্যক্রম শুরু হবে এবং সংশ্লিষ্ট সবাইকে প্রয়োজনীয় নির্দেশনা দেওয়া হয়েছে। স্থানীয় বাসিন্দারা বলেন, পরিস্থিতি স্বাভাবিক রাখতে প্রশাসন তৎপর রয়েছে এবং আইনশৃঙ্খলা বাহিনীর সদস্যরা এলাকায় অবস্থান করছেন।
সংক্ষিপ্ত বিবরণ প্রথম পাতার পর এক সপ্তাহের মধ্যে বিভিন্ন প্রতিষ্ঠানের কর্মকর্তারা জানিয়েছেন যে নির্ধারিত সময়ের আগেই কার্যক্রম শুরু হবে এবং সংশ্লিষ্ট সবাইকে প্রয়োজনীয় নির্দেশনা দেওয়া হয়েছে। স্থানীয় বাসিন্দারা বলেন, পরিস্থিতি স্বাভাবিক রাখতে প্রশাসন তৎপর রয়েছে এবং আইনশৃঙ্খলা বাহিনীর সদস্যরা এলাকায় অবস্থান করছেন।
সংক্ষিপ্ত বিবরণ প্রথম পাতার পর এক সপ্তাহের মধ্যে বিভিন্ন প্রতিষ্ঠানের কর্মকর্তারা জানিয়েছেন যে নির্ধারিত সময়ের আগেই কার্যক্রম শুরু হবে এবং সংশ্লিষ্ট সবাইকে প্রয়োজনীয় নির্দেশনা দেওয়া হয়েছে। স্থানীয় বাসিন্দারা বলেন, পরিস্থিতি স্বাভাবিক রাখতে প্রশাসন তৎপর রয়েছে এবং আইনশৃঙ্খলা বাহিনীর সদস্যরা এলাকায় অবস্থান করছেন।
সংক্ষিপ্ত বিবরণ প্রথম পাতার পর এক সপ্তাহের মধ্যে বিভিন্ন প্রতিষ্ঠানের কর্মকর্তারা জানিয়েছেন যে নির্ধারিত সময়ের আগেই কার্যক্রম শুরু হবে এবং সংশ্লিষ্ট সবাইকে প্রয়োজনীয় নির্দেশনা দেওয়া হয়েছে। স্থানীয় বাসিন্দারা বলেন, পরিস্থিতি স্বাভাবিক রাখতে প্রশাসন তৎপর রয়েছে এবং আইনশৃঙ্খলা বাহিনীর সদস্যরা এলাকায় অবস্থান করছেন।
বোমাতঙ্কে এবার
শেষ পাতার পর
সংক্ষিপ্ত বিবরণ প্রথম পাতার পর এক সপ্তাহের মধ্যে বিভিন্ন প্রতিষ্ঠানের কর্মকর্তারা জানিয়েছেন যে নির্ধারিত সময়ের আগেই কার্যক্রম শুরু হবে এবং সংশ্লিষ্ট সবাইকে প্রয়োজনীয় নির্দেশনা দেওয়া হয়েছে। স্থানীয় বাসিন্দারা বলেন, পরিস্থিতি স্বাভাবিক রাখতে প্রশাসন তৎপর রয়েছে এবং আইনশৃঙ্খলা বাহিনীর সদস্যরা এলাকায় অবস্থান করছেন।
সংক্ষিপ্ত বিবরণ প্রথম পাতার পর এক সপ্তাহের মধ্যে বিভিন্ন প্রতিষ্ঠানের কর্মকর্তারা জানিয়েছেন যে নির্ধারিত সময়ের আগেই কার্যক্রম শুরু হবে এবং সংশ্লিষ্ট সবাইকে প্রয়োজনীয় নির্দেশনা দেওয়া হয়েছে। স্থানীয় বাসিন্দারা বলেন, পরিস্থিতি স্বাভাবিক রাখতে প্রশাসন তৎপর রয়েছে এবং আইনশৃঙ্খলা বাহিনীর সদস্যরা এলাকায় অবস্থান করছেন।
সংক্ষিপ্ত বিবরণ প্রথম পাতার পর এক সপ্তাহের মধ্যে বিভিন্ন প্রতিষ্ঠানের কর্মকর্তারা জানিয়েছেন যে নির্ধারিত সময়ের আগেই কার্যক্রম শুরু হবে এবং সংশ্লিষ্ট সবাইকে প্রয়োজনীয় নির্দেশনা দেওয়া হয়েছে। স্থানীয় বাসিন্দারা বলেন, পরিস্থিতি স্বাভাবিক রাখতে প্রশাসন তৎপর রয়েছে এবং আইনশৃঙ্খলা বাহিনীর সদস্যরা এলাকায় অবস্থান করছেন।
সংক্ষিপ্ত বিবরণ প্রথম পাতার পর এক সপ্তাহের মধ্যে বিভিন্ন প্রতিষ্ঠানের কর্মকর্তারা জানিয়েছেন যে নির্ধারিত সময়ের আগেই কার্যক্রম শুরু হবে এবং সংশ্লিষ্ট সবাইকে প্রয়োজনীয় নির্দেশনা দেওয়া হয়েছে। স্থানীয় বাসিন্দারা বলেন, পরিস্থিতি স্বাভাবিক রাখতে প্রশাসন তৎপর রয়েছে এবং আইনশৃঙ্খলা বাহিনীর সদস্যরা এলাকায় অবস্থান করছেন।
রাজধানীতে ভাঙারি ব্যবসায়ীকে হত্যা, ৪ আসামি রিমান্ডে
নিজস্ব প্রতিবেদক
সংক্ষিপ্ত বিবরণ প্রথম পাতার পর এক সপ্তাহের মধ্যে বিভিন্ন প্রতিষ্ঠানের কর্মকর্তারা জানিয়েছেন যে নির্ধারিত সময়ের আগেই কার্যক্রম শুরু হবে এবং সংশ্লিষ্ট সবাইকে প্রয়োজনীয় নির্দেশনা দেওয়া হয়েছে। স্থানীয় বাসিন্দারা বলেন, পরিস্থিতি স্বাভাবিক রাখতে প্রশাসন তৎপর রয়েছে এবং আইনশৃঙ্খলা বাহিনীর সদস্যরা এলাকায় অবস্থান করছেন।
সংক্ষিপ্ত বিবরণ প্রথম পাতার পর এক সপ্তাহের মধ্যে বিভিন্ন প্রতিষ্ঠানের কর্মকর্তারা জানিয়েছেন যে নির্ধারিত সময়ের আগেই কার্যক্রম শুরু হবে এবং সংশ্লিষ্ট সবাইকে প্রয়োজনীয় নির্দেশনা দেওয়া হয়েছে। স্থানীয় বাসিন্দারা বলেন, পরিস্থিতি স্বাভাবিক রাখতে প্রশাসন তৎপর রয়েছে এবং আইনশৃঙ্খলা বাহিনীর সদস্যরা এলাকায় অবস্থান করছেন।
সংক্ষিপ্ত বিবরণ প্রথম পাতার পর এক সপ্তাহের মধ্যে বিভিন্ন প্রতিষ্ঠানের কর্মকর্তারা জানিয়েছেন যে নির্ধারিত সময়ের আগেই কার্যক্রম শুরু হবে এবং সংশ্লিষ্ট সবাইকে প্রয়োজনীয় নির্দেশনা দেওয়া হয়েছে। স্থানীয় বাসিন্দারা বলেন, পরিস্থিতি স্বাভাবিক রাখতে প্রশাসন তৎপর রয়েছে এবং আইনশৃঙ্খলা বাহিনীর সদস্যরা এলাকায় অবস্থান করছেন।
সংক্ষিপ্ত বিবরণ প্রথম পাতার পর এক সপ্তাহের মধ্যে বিভিন্ন প্রতিষ্ঠানের কর্মকর্তারা জানিয়েছেন যে নির্ধারিত সময়ের আগেই কার্যক্রম শুরু হবে এবং সংশ্লিষ্ট সবাইকে প্রয়োজনীয় নির্দেশনা দেওয়া হয়েছে। স্থানীয় বাসিন্দারা বলেন, পরিস্থিতি স্বাভাবিক রাখতে প্রশাসন তৎপর রয়েছে এবং আইনশৃঙ্খলা বাহিনীর সদস্যরা এলাকায় অবস্থান করছেন।
ধানমন্ডিতে বিদ্যুৎস্পৃষ্টে প্রাইভেট কার চালকের মৃত্যু
নিজস্ব প্রতিবেদক
সংক্ষিপ্ত বিবরণ প্রথম পাতার পর এক সপ্তাহের মধ্যে বিভিন্ন প্রতিষ্ঠানের কর্মকর্তারা জানিয়েছেন যে নির্ধারিত সময়ের আগেই কার্যক্রম শুরু হবে এবং সংশ্লিষ্ট সবাইকে প্রয়োজনীয় নির্দেশনা দেওয়া হয়েছে। স্থানীয় বাসিন্দারা বলেন, পরিস্থিতি স্বাভাবিক রাখতে প্রশাসন তৎপর রয়েছে এবং আইনশৃঙ্খলা বাহিনীর সদস্যরা এলাকায় অবস্থান করছেন।
সংক্ষিপ্ত বিবরণ প্রথম পাতার পর এক সপ্তাহের মধ্যে বিভিন্ন প্রতিষ্ঠানের কর্মকর্তারা জানিয়েছেন যে নির্ধারিত সময়ের আগেই কার্যক্রম শুরু হবে এবং সংশ্লিষ্ট সবাইকে প্রয়োজনীয় নির্দেশনা দেওয়া হয়েছে। স্থানীয় বাসিন্দারা বলেন, পরিস্থিতি স্বাভাবিক রাখতে প্রশাসন তৎপর রয়েছে এবং আইনশৃঙ্খলা বাহিনীর সদস্যরা এলাকায় অবস্থান করছেন।
সংক্ষিপ্ত বিবরণ প্রথম পাতার পর এক সপ্তাহের মধ্যে বিভিন্ন প্রতিষ্ঠানের কর্মকর্তারা জানিয়েছেন যে নির্ধারিত সময়ের আগেই কার্যক্রম শুরু হবে এবং সংশ্লিষ্ট সবাইকে প্রয়োজনীয় নির্দেশনা দেওয়া হয়েছে। স্থানীয় বাসিন্দারা বলেন, পরিস্থিতি স্বাভাবিক রাখতে প্রশাসন তৎপর রয়েছে এবং আইনশৃঙ্খলা বাহিনীর সদস্যরা এলাকায় অবস্থান করছেন।
সংক্ষিপ্ত বিবরণ প্রথম পাতার পর এক সপ্তাহের মধ্যে বিভিন্ন প্রতিষ্ঠানের কর্মকর্তারা জানিয়েছেন যে নির্ধারিত সময়ের আগেই কার্যক্রম শুরু হবে এবং সংশ্লিষ্ট সবাইকে প্রয়োজনীয় নির্দেশনা দেওয়া হয়েছে। স্থানীয় বাসিন্দারা বলেন, পরিস্থিতি স্বাভাবিক রাখতে প্রশাসন তৎপর রয়েছে এবং আইনশৃঙ্খলা বাহিনীর সদস্যরা এলাকায় অবস্থান করছেন।
